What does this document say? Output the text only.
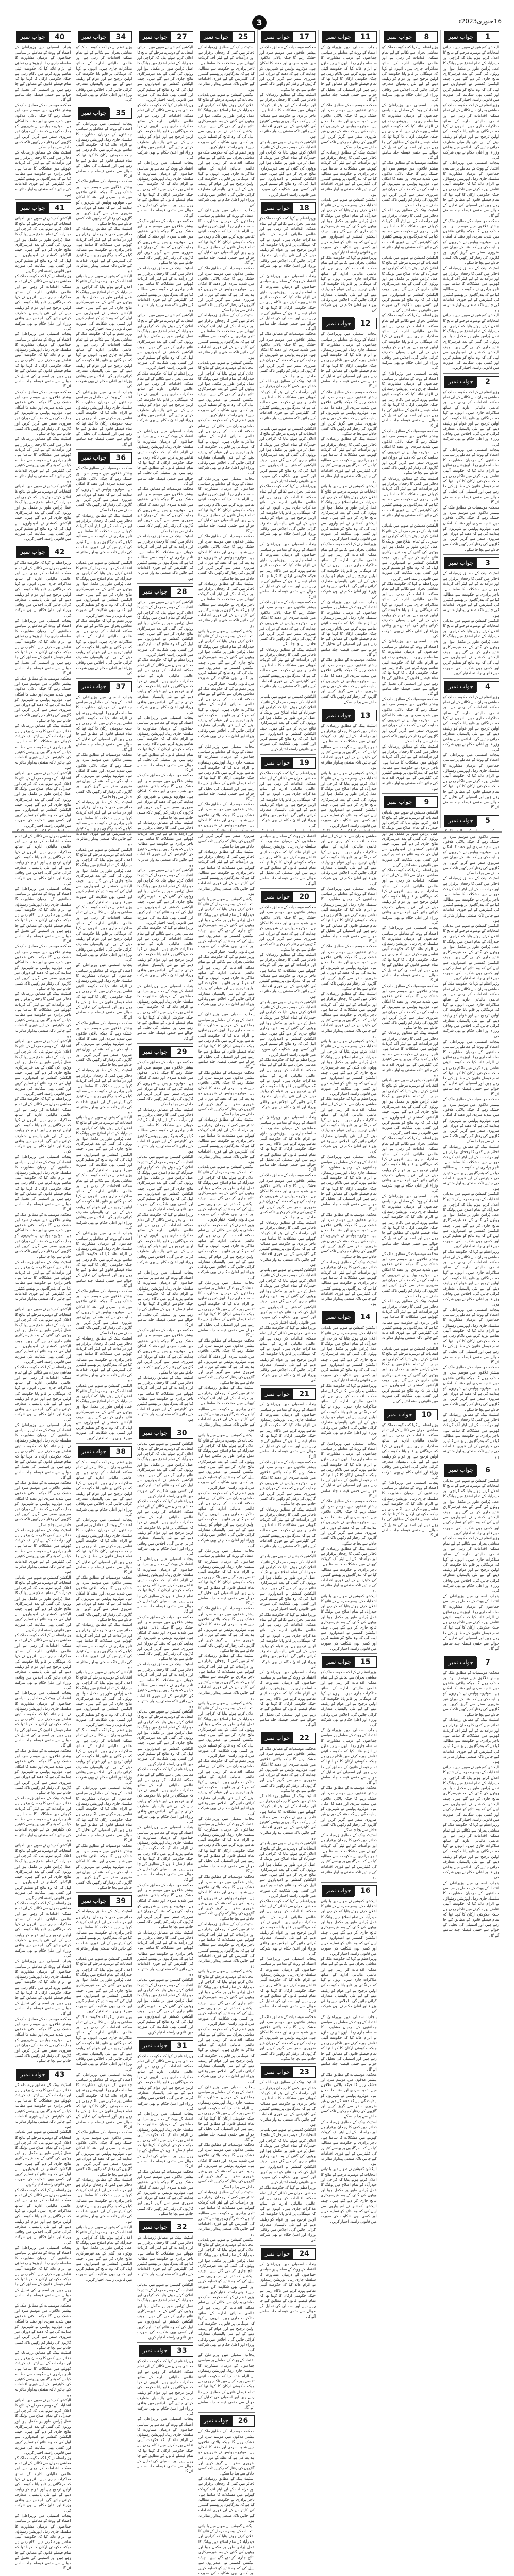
3	16جنوری2023ء
جواب نمبر	1
الیکشن کمیشن نے صوبے میں بلدیاتی انتخابات کے دوسرے مرحلے کے نتائج کا اعلان کرتے ہوئے بتایا کہ کراچی اور حیدرآباد کے تمام اضلاع میں پولنگ کا عمل پُرامن طور پر مکمل ہوا اور ووٹوں کی گنتی کے بعد غیرسرکاری نتائج جاری کر دیے گئے ہیں۔ چیف الیکشن کمشنر نے امیدواروں سے اپیل کی کہ وہ نتائج کو تسلیم کریں اور کسی بھی شکایت کی صورت میں قانونی راستہ اختیار کریں۔
وزیراعظم نے کہا کہ حکومت ملک کو معاشی بحران سے نکالنے کے لیے تمام ممکنہ اقدامات کر رہی ہے اور عالمی مالیاتی ادارے کے ساتھ مذاکرات جاری ہیں۔ انہوں نے کہا کہ مہنگائی پر قابو پانا حکومت کی اولین ترجیح ہے اور عوام کو ریلیف دینے کے لیے نئی پالیسیاں متعارف کرائی جائیں گی۔ اجلاس میں وفاقی وزراء اور اعلیٰ حکام نے بھی شرکت کی۔
پنجاب اسمبلی میں وزیراعلیٰ کے اعتماد کے ووٹ کے معاملے پر سیاسی جماعتوں کے درمیان مشاورت کا سلسلہ جاری رہا۔ اپوزیشن رہنماؤں نے الزام عائد کیا کہ حکومت آئینی تقاضے پورے کرنے میں ناکام رہی ہے جبکہ حکومتی ارکان کا کہنا تھا کہ تمام فیصلے قانون کے مطابق کیے جا رہے ہیں اور اسمبلی کی تحلیل کے حوالے سے حتمی فیصلہ جلد سامنے آئے گا۔
محکمہ موسمیات کے مطابق ملک کے بیشتر علاقوں میں موسم سرد اور خشک رہے گا جبکہ بالائی علاقوں میں شدید سردی اور دھند کا امکان ہے۔ موٹروے پولیس نے شہریوں کو ہدایت کی ہے کہ دھند کے دوران غیر ضروری سفر سے گریز کریں اور گاڑیوں کی رفتار کم رکھیں تاکہ کسی حادثے سے بچا جا سکے۔
اسٹیٹ بینک کے مطابق زرمبادلہ کے ذخائر میں کمی کا رجحان برقرار ہے اور درآمدات کے لیے لیٹر آف کریڈٹ کھولنے میں مشکلات کا سامنا ہے۔ تاجر برادری نے حکومت سے مطالبہ کیا ہے کہ بندرگاہوں پر پھنسے کنٹینرز کی کلیئرنس کے لیے فوری اقدامات کیے جائیں تاکہ صنعتی پیداوار متاثر نہ ہو۔
الیکشن کمیشن نے صوبے میں بلدیاتی انتخابات کے دوسرے مرحلے کے نتائج کا اعلان کرتے ہوئے بتایا کہ کراچی اور حیدرآباد کے تمام اضلاع میں پولنگ کا عمل پُرامن طور پر مکمل ہوا اور ووٹوں کی گنتی کے بعد غیرسرکاری نتائج جاری کر دیے گئے ہیں۔ چیف الیکشن کمشنر نے امیدواروں سے اپیل کی کہ وہ نتائج کو تسلیم کریں اور کسی بھی شکایت کی صورت میں قانونی راستہ اختیار کریں۔
جواب نمبر	2
وزیراعظم نے کہا کہ حکومت ملک کو معاشی بحران سے نکالنے کے لیے تمام ممکنہ اقدامات کر رہی ہے اور عالمی مالیاتی ادارے کے ساتھ مذاکرات جاری ہیں۔ انہوں نے کہا کہ مہنگائی پر قابو پانا حکومت کی اولین ترجیح ہے اور عوام کو ریلیف دینے کے لیے نئی پالیسیاں متعارف کرائی جائیں گی۔ اجلاس میں وفاقی وزراء اور اعلیٰ حکام نے بھی شرکت کی۔
پنجاب اسمبلی میں وزیراعلیٰ کے اعتماد کے ووٹ کے معاملے پر سیاسی جماعتوں کے درمیان مشاورت کا سلسلہ جاری رہا۔ اپوزیشن رہنماؤں نے الزام عائد کیا کہ حکومت آئینی تقاضے پورے کرنے میں ناکام رہی ہے جبکہ حکومتی ارکان کا کہنا تھا کہ تمام فیصلے قانون کے مطابق کیے جا رہے ہیں اور اسمبلی کی تحلیل کے حوالے سے حتمی فیصلہ جلد سامنے آئے گا۔
محکمہ موسمیات کے مطابق ملک کے بیشتر علاقوں میں موسم سرد اور خشک رہے گا جبکہ بالائی علاقوں میں شدید سردی اور دھند کا امکان ہے۔ موٹروے پولیس نے شہریوں کو ہدایت کی ہے کہ دھند کے دوران غیر ضروری سفر سے گریز کریں اور گاڑیوں کی رفتار کم رکھیں تاکہ کسی حادثے سے بچا جا سکے۔
جواب نمبر	3
اسٹیٹ بینک کے مطابق زرمبادلہ کے ذخائر میں کمی کا رجحان برقرار ہے اور درآمدات کے لیے لیٹر آف کریڈٹ کھولنے میں مشکلات کا سامنا ہے۔ تاجر برادری نے حکومت سے مطالبہ کیا ہے کہ بندرگاہوں پر پھنسے کنٹینرز کی کلیئرنس کے لیے فوری اقدامات کیے جائیں تاکہ صنعتی پیداوار متاثر نہ ہو۔
الیکشن کمیشن نے صوبے میں بلدیاتی انتخابات کے دوسرے مرحلے کے نتائج کا اعلان کرتے ہوئے بتایا کہ کراچی اور حیدرآباد کے تمام اضلاع میں پولنگ کا عمل پُرامن طور پر مکمل ہوا اور ووٹوں کی گنتی کے بعد غیرسرکاری نتائج جاری کر دیے گئے ہیں۔ چیف الیکشن کمشنر نے امیدواروں سے اپیل کی کہ وہ نتائج کو تسلیم کریں اور کسی بھی شکایت کی صورت میں قانونی راستہ اختیار کریں۔
جواب نمبر	4
وزیراعظم نے کہا کہ حکومت ملک کو معاشی بحران سے نکالنے کے لیے تمام ممکنہ اقدامات کر رہی ہے اور عالمی مالیاتی ادارے کے ساتھ مذاکرات جاری ہیں۔ انہوں نے کہا کہ مہنگائی پر قابو پانا حکومت کی اولین ترجیح ہے اور عوام کو ریلیف دینے کے لیے نئی پالیسیاں متعارف کرائی جائیں گی۔ اجلاس میں وفاقی وزراء اور اعلیٰ حکام نے بھی شرکت کی۔
پنجاب اسمبلی میں وزیراعلیٰ کے اعتماد کے ووٹ کے معاملے پر سیاسی جماعتوں کے درمیان مشاورت کا سلسلہ جاری رہا۔ اپوزیشن رہنماؤں نے الزام عائد کیا کہ حکومت آئینی تقاضے پورے کرنے میں ناکام رہی ہے جبکہ حکومتی ارکان کا کہنا تھا کہ تمام فیصلے قانون کے مطابق کیے جا رہے ہیں اور اسمبلی کی تحلیل کے حوالے سے حتمی فیصلہ جلد سامنے آئے گا۔
جواب نمبر	5
محکمہ موسمیات کے مطابق ملک کے بیشتر علاقوں میں موسم سرد اور خشک رہے گا جبکہ بالائی علاقوں میں شدید سردی اور دھند کا امکان ہے۔ موٹروے پولیس نے شہریوں کو ہدایت کی ہے کہ دھند کے دوران غیر ضروری سفر سے گریز کریں اور گاڑیوں کی رفتار کم رکھیں تاکہ کسی حادثے سے بچا جا سکے۔
اسٹیٹ بینک کے مطابق زرمبادلہ کے ذخائر میں کمی کا رجحان برقرار ہے اور درآمدات کے لیے لیٹر آف کریڈٹ کھولنے میں مشکلات کا سامنا ہے۔ تاجر برادری نے حکومت سے مطالبہ کیا ہے کہ بندرگاہوں پر پھنسے کنٹینرز کی کلیئرنس کے لیے فوری اقدامات کیے جائیں تاکہ صنعتی پیداوار متاثر نہ ہو۔
الیکشن کمیشن نے صوبے میں بلدیاتی انتخابات کے دوسرے مرحلے کے نتائج کا اعلان کرتے ہوئے بتایا کہ کراچی اور حیدرآباد کے تمام اضلاع میں پولنگ کا عمل پُرامن طور پر مکمل ہوا اور ووٹوں کی گنتی کے بعد غیرسرکاری نتائج جاری کر دیے گئے ہیں۔ چیف الیکشن کمشنر نے امیدواروں سے اپیل کی کہ وہ نتائج کو تسلیم کریں اور کسی بھی شکایت کی صورت میں قانونی راستہ اختیار کریں۔
وزیراعظم نے کہا کہ حکومت ملک کو معاشی بحران سے نکالنے کے لیے تمام ممکنہ اقدامات کر رہی ہے اور عالمی مالیاتی ادارے کے ساتھ مذاکرات جاری ہیں۔ انہوں نے کہا کہ مہنگائی پر قابو پانا حکومت کی اولین ترجیح ہے اور عوام کو ریلیف دینے کے لیے نئی پالیسیاں متعارف کرائی جائیں گی۔ اجلاس میں وفاقی وزراء اور اعلیٰ حکام نے بھی شرکت کی۔
پنجاب اسمبلی میں وزیراعلیٰ کے اعتماد کے ووٹ کے معاملے پر سیاسی جماعتوں کے درمیان مشاورت کا سلسلہ جاری رہا۔ اپوزیشن رہنماؤں نے الزام عائد کیا کہ حکومت آئینی تقاضے پورے کرنے میں ناکام رہی ہے جبکہ حکومتی ارکان کا کہنا تھا کہ تمام فیصلے قانون کے مطابق کیے جا رہے ہیں اور اسمبلی کی تحلیل کے حوالے سے حتمی فیصلہ جلد سامنے آئے گا۔
محکمہ موسمیات کے مطابق ملک کے بیشتر علاقوں میں موسم سرد اور خشک رہے گا جبکہ بالائی علاقوں میں شدید سردی اور دھند کا امکان ہے۔ موٹروے پولیس نے شہریوں کو ہدایت کی ہے کہ دھند کے دوران غیر ضروری سفر سے گریز کریں اور گاڑیوں کی رفتار کم رکھیں تاکہ کسی حادثے سے بچا جا سکے۔
اسٹیٹ بینک کے مطابق زرمبادلہ کے ذخائر میں کمی کا رجحان برقرار ہے اور درآمدات کے لیے لیٹر آف کریڈٹ کھولنے میں مشکلات کا سامنا ہے۔ تاجر برادری نے حکومت سے مطالبہ کیا ہے کہ بندرگاہوں پر پھنسے کنٹینرز کی کلیئرنس کے لیے فوری اقدامات کیے جائیں تاکہ صنعتی پیداوار متاثر نہ ہو۔
الیکشن کمیشن نے صوبے میں بلدیاتی انتخابات کے دوسرے مرحلے کے نتائج کا اعلان کرتے ہوئے بتایا کہ کراچی اور حیدرآباد کے تمام اضلاع میں پولنگ کا عمل پُرامن طور پر مکمل ہوا اور ووٹوں کی گنتی کے بعد غیرسرکاری نتائج جاری کر دیے گئے ہیں۔ چیف الیکشن کمشنر نے امیدواروں سے اپیل کی کہ وہ نتائج کو تسلیم کریں اور کسی بھی شکایت کی صورت میں قانونی راستہ اختیار کریں۔
وزیراعظم نے کہا کہ حکومت ملک کو معاشی بحران سے نکالنے کے لیے تمام ممکنہ اقدامات کر رہی ہے اور عالمی مالیاتی ادارے کے ساتھ مذاکرات جاری ہیں۔ انہوں نے کہا کہ مہنگائی پر قابو پانا حکومت کی اولین ترجیح ہے اور عوام کو ریلیف دینے کے لیے نئی پالیسیاں متعارف کرائی جائیں گی۔ اجلاس میں وفاقی وزراء اور اعلیٰ حکام نے بھی شرکت کی۔
پنجاب اسمبلی میں وزیراعلیٰ کے اعتماد کے ووٹ کے معاملے پر سیاسی جماعتوں کے درمیان مشاورت کا سلسلہ جاری رہا۔ اپوزیشن رہنماؤں نے الزام عائد کیا کہ حکومت آئینی تقاضے پورے کرنے میں ناکام رہی ہے جبکہ حکومتی ارکان کا کہنا تھا کہ تمام فیصلے قانون کے مطابق کیے جا رہے ہیں اور اسمبلی کی تحلیل کے حوالے سے حتمی فیصلہ جلد سامنے آئے گا۔
محکمہ موسمیات کے مطابق ملک کے بیشتر علاقوں میں موسم سرد اور خشک رہے گا جبکہ بالائی علاقوں میں شدید سردی اور دھند کا امکان ہے۔ موٹروے پولیس نے شہریوں کو ہدایت کی ہے کہ دھند کے دوران غیر ضروری سفر سے گریز کریں اور گاڑیوں کی رفتار کم رکھیں تاکہ کسی حادثے سے بچا جا سکے۔
اسٹیٹ بینک کے مطابق زرمبادلہ کے ذخائر میں کمی کا رجحان برقرار ہے اور درآمدات کے لیے لیٹر آف کریڈٹ کھولنے میں مشکلات کا سامنا ہے۔ تاجر برادری نے حکومت سے مطالبہ کیا ہے کہ بندرگاہوں پر پھنسے کنٹینرز کی کلیئرنس کے لیے فوری اقدامات کیے جائیں تاکہ صنعتی پیداوار متاثر نہ ہو۔
جواب نمبر	6
الیکشن کمیشن نے صوبے میں بلدیاتی انتخابات کے دوسرے مرحلے کے نتائج کا اعلان کرتے ہوئے بتایا کہ کراچی اور حیدرآباد کے تمام اضلاع میں پولنگ کا عمل پُرامن طور پر مکمل ہوا اور ووٹوں کی گنتی کے بعد غیرسرکاری نتائج جاری کر دیے گئے ہیں۔ چیف الیکشن کمشنر نے امیدواروں سے اپیل کی کہ وہ نتائج کو تسلیم کریں اور کسی بھی شکایت کی صورت میں قانونی راستہ اختیار کریں۔
وزیراعظم نے کہا کہ حکومت ملک کو معاشی بحران سے نکالنے کے لیے تمام ممکنہ اقدامات کر رہی ہے اور عالمی مالیاتی ادارے کے ساتھ مذاکرات جاری ہیں۔ انہوں نے کہا کہ مہنگائی پر قابو پانا حکومت کی اولین ترجیح ہے اور عوام کو ریلیف دینے کے لیے نئی پالیسیاں متعارف کرائی جائیں گی۔ اجلاس میں وفاقی وزراء اور اعلیٰ حکام نے بھی شرکت کی۔
پنجاب اسمبلی میں وزیراعلیٰ کے اعتماد کے ووٹ کے معاملے پر سیاسی جماعتوں کے درمیان مشاورت کا سلسلہ جاری رہا۔ اپوزیشن رہنماؤں نے الزام عائد کیا کہ حکومت آئینی تقاضے پورے کرنے میں ناکام رہی ہے جبکہ حکومتی ارکان کا کہنا تھا کہ تمام فیصلے قانون کے مطابق کیے جا رہے ہیں اور اسمبلی کی تحلیل کے حوالے سے حتمی فیصلہ جلد سامنے آئے گا۔
جواب نمبر	7
محکمہ موسمیات کے مطابق ملک کے بیشتر علاقوں میں موسم سرد اور خشک رہے گا جبکہ بالائی علاقوں میں شدید سردی اور دھند کا امکان ہے۔ موٹروے پولیس نے شہریوں کو ہدایت کی ہے کہ دھند کے دوران غیر ضروری سفر سے گریز کریں اور گاڑیوں کی رفتار کم رکھیں تاکہ کسی حادثے سے بچا جا سکے۔
اسٹیٹ بینک کے مطابق زرمبادلہ کے ذخائر میں کمی کا رجحان برقرار ہے اور درآمدات کے لیے لیٹر آف کریڈٹ کھولنے میں مشکلات کا سامنا ہے۔ تاجر برادری نے حکومت سے مطالبہ کیا ہے کہ بندرگاہوں پر پھنسے کنٹینرز کی کلیئرنس کے لیے فوری اقدامات کیے جائیں تاکہ صنعتی پیداوار متاثر نہ ہو۔
الیکشن کمیشن نے صوبے میں بلدیاتی انتخابات کے دوسرے مرحلے کے نتائج کا اعلان کرتے ہوئے بتایا کہ کراچی اور حیدرآباد کے تمام اضلاع میں پولنگ کا عمل پُرامن طور پر مکمل ہوا اور ووٹوں کی گنتی کے بعد غیرسرکاری نتائج جاری کر دیے گئے ہیں۔ چیف الیکشن کمشنر نے امیدواروں سے اپیل کی کہ وہ نتائج کو تسلیم کریں اور کسی بھی شکایت کی صورت میں قانونی راستہ اختیار کریں۔
وزیراعظم نے کہا کہ حکومت ملک کو معاشی بحران سے نکالنے کے لیے تمام ممکنہ اقدامات کر رہی ہے اور عالمی مالیاتی ادارے کے ساتھ مذاکرات جاری ہیں۔ انہوں نے کہا کہ مہنگائی پر قابو پانا حکومت کی اولین ترجیح ہے اور عوام کو ریلیف دینے کے لیے نئی پالیسیاں متعارف کرائی جائیں گی۔ اجلاس میں وفاقی وزراء اور اعلیٰ حکام نے بھی شرکت کی۔
پنجاب اسمبلی میں وزیراعلیٰ کے اعتماد کے ووٹ کے معاملے پر سیاسی جماعتوں کے درمیان مشاورت کا سلسلہ جاری رہا۔ اپوزیشن رہنماؤں نے الزام عائد کیا کہ حکومت آئینی تقاضے پورے کرنے میں ناکام رہی ہے جبکہ حکومتی ارکان کا کہنا تھا کہ تمام فیصلے قانون کے مطابق کیے جا رہے ہیں اور اسمبلی کی تحلیل کے حوالے سے حتمی فیصلہ جلد سامنے آئے گا۔
جواب نمبر	8
وزیراعظم نے کہا کہ حکومت ملک کو معاشی بحران سے نکالنے کے لیے تمام ممکنہ اقدامات کر رہی ہے اور عالمی مالیاتی ادارے کے ساتھ مذاکرات جاری ہیں۔ انہوں نے کہا کہ مہنگائی پر قابو پانا حکومت کی اولین ترجیح ہے اور عوام کو ریلیف دینے کے لیے نئی پالیسیاں متعارف کرائی جائیں گی۔ اجلاس میں وفاقی وزراء اور اعلیٰ حکام نے بھی شرکت کی۔
پنجاب اسمبلی میں وزیراعلیٰ کے اعتماد کے ووٹ کے معاملے پر سیاسی جماعتوں کے درمیان مشاورت کا سلسلہ جاری رہا۔ اپوزیشن رہنماؤں نے الزام عائد کیا کہ حکومت آئینی تقاضے پورے کرنے میں ناکام رہی ہے جبکہ حکومتی ارکان کا کہنا تھا کہ تمام فیصلے قانون کے مطابق کیے جا رہے ہیں اور اسمبلی کی تحلیل کے حوالے سے حتمی فیصلہ جلد سامنے آئے گا۔
محکمہ موسمیات کے مطابق ملک کے بیشتر علاقوں میں موسم سرد اور خشک رہے گا جبکہ بالائی علاقوں میں شدید سردی اور دھند کا امکان ہے۔ موٹروے پولیس نے شہریوں کو ہدایت کی ہے کہ دھند کے دوران غیر ضروری سفر سے گریز کریں اور گاڑیوں کی رفتار کم رکھیں تاکہ کسی حادثے سے بچا جا سکے۔
اسٹیٹ بینک کے مطابق زرمبادلہ کے ذخائر میں کمی کا رجحان برقرار ہے اور درآمدات کے لیے لیٹر آف کریڈٹ کھولنے میں مشکلات کا سامنا ہے۔ تاجر برادری نے حکومت سے مطالبہ کیا ہے کہ بندرگاہوں پر پھنسے کنٹینرز کی کلیئرنس کے لیے فوری اقدامات کیے جائیں تاکہ صنعتی پیداوار متاثر نہ ہو۔
الیکشن کمیشن نے صوبے میں بلدیاتی انتخابات کے دوسرے مرحلے کے نتائج کا اعلان کرتے ہوئے بتایا کہ کراچی اور حیدرآباد کے تمام اضلاع میں پولنگ کا عمل پُرامن طور پر مکمل ہوا اور ووٹوں کی گنتی کے بعد غیرسرکاری نتائج جاری کر دیے گئے ہیں۔ چیف الیکشن کمشنر نے امیدواروں سے اپیل کی کہ وہ نتائج کو تسلیم کریں اور کسی بھی شکایت کی صورت میں قانونی راستہ اختیار کریں۔
وزیراعظم نے کہا کہ حکومت ملک کو معاشی بحران سے نکالنے کے لیے تمام ممکنہ اقدامات کر رہی ہے اور عالمی مالیاتی ادارے کے ساتھ مذاکرات جاری ہیں۔ انہوں نے کہا کہ مہنگائی پر قابو پانا حکومت کی اولین ترجیح ہے اور عوام کو ریلیف دینے کے لیے نئی پالیسیاں متعارف کرائی جائیں گی۔ اجلاس میں وفاقی وزراء اور اعلیٰ حکام نے بھی شرکت کی۔
پنجاب اسمبلی میں وزیراعلیٰ کے اعتماد کے ووٹ کے معاملے پر سیاسی جماعتوں کے درمیان مشاورت کا سلسلہ جاری رہا۔ اپوزیشن رہنماؤں نے الزام عائد کیا کہ حکومت آئینی تقاضے پورے کرنے میں ناکام رہی ہے جبکہ حکومتی ارکان کا کہنا تھا کہ تمام فیصلے قانون کے مطابق کیے جا رہے ہیں اور اسمبلی کی تحلیل کے حوالے سے حتمی فیصلہ جلد سامنے آئے گا۔
محکمہ موسمیات کے مطابق ملک کے بیشتر علاقوں میں موسم سرد اور خشک رہے گا جبکہ بالائی علاقوں میں شدید سردی اور دھند کا امکان ہے۔ موٹروے پولیس نے شہریوں کو ہدایت کی ہے کہ دھند کے دوران غیر ضروری سفر سے گریز کریں اور گاڑیوں کی رفتار کم رکھیں تاکہ کسی حادثے سے بچا جا سکے۔
اسٹیٹ بینک کے مطابق زرمبادلہ کے ذخائر میں کمی کا رجحان برقرار ہے اور درآمدات کے لیے لیٹر آف کریڈٹ کھولنے میں مشکلات کا سامنا ہے۔ تاجر برادری نے حکومت سے مطالبہ کیا ہے کہ بندرگاہوں پر پھنسے کنٹینرز کی کلیئرنس کے لیے فوری اقدامات کیے جائیں تاکہ صنعتی پیداوار متاثر نہ ہو۔
الیکشن کمیشن نے صوبے میں بلدیاتی انتخابات کے دوسرے مرحلے کے نتائج کا اعلان کرتے ہوئے بتایا کہ کراچی اور حیدرآباد کے تمام اضلاع میں پولنگ کا عمل پُرامن طور پر مکمل ہوا اور ووٹوں کی گنتی کے بعد غیرسرکاری نتائج جاری کر دیے گئے ہیں۔ چیف الیکشن کمشنر نے امیدواروں سے اپیل کی کہ وہ نتائج کو تسلیم کریں اور کسی بھی شکایت کی صورت میں قانونی راستہ اختیار کریں۔
وزیراعظم نے کہا کہ حکومت ملک کو معاشی بحران سے نکالنے کے لیے تمام ممکنہ اقدامات کر رہی ہے اور عالمی مالیاتی ادارے کے ساتھ مذاکرات جاری ہیں۔ انہوں نے کہا کہ مہنگائی پر قابو پانا حکومت کی اولین ترجیح ہے اور عوام کو ریلیف دینے کے لیے نئی پالیسیاں متعارف کرائی جائیں گی۔ اجلاس میں وفاقی وزراء اور اعلیٰ حکام نے بھی شرکت کی۔
پنجاب اسمبلی میں وزیراعلیٰ کے اعتماد کے ووٹ کے معاملے پر سیاسی جماعتوں کے درمیان مشاورت کا سلسلہ جاری رہا۔ اپوزیشن رہنماؤں نے الزام عائد کیا کہ حکومت آئینی تقاضے پورے کرنے میں ناکام رہی ہے جبکہ حکومتی ارکان کا کہنا تھا کہ تمام فیصلے قانون کے مطابق کیے جا رہے ہیں اور اسمبلی کی تحلیل کے حوالے سے حتمی فیصلہ جلد سامنے آئے گا۔
محکمہ موسمیات کے مطابق ملک کے بیشتر علاقوں میں موسم سرد اور خشک رہے گا جبکہ بالائی علاقوں میں شدید سردی اور دھند کا امکان ہے۔ موٹروے پولیس نے شہریوں کو ہدایت کی ہے کہ دھند کے دوران غیر ضروری سفر سے گریز کریں اور گاڑیوں کی رفتار کم رکھیں تاکہ کسی حادثے سے بچا جا سکے۔
اسٹیٹ بینک کے مطابق زرمبادلہ کے ذخائر میں کمی کا رجحان برقرار ہے اور درآمدات کے لیے لیٹر آف کریڈٹ کھولنے میں مشکلات کا سامنا ہے۔ تاجر برادری نے حکومت سے مطالبہ کیا ہے کہ بندرگاہوں پر پھنسے کنٹینرز کی کلیئرنس کے لیے فوری اقدامات کیے جائیں تاکہ صنعتی پیداوار متاثر نہ ہو۔
جواب نمبر	9
الیکشن کمیشن نے صوبے میں بلدیاتی انتخابات کے دوسرے مرحلے کے نتائج کا اعلان کرتے ہوئے بتایا کہ کراچی اور حیدرآباد کے تمام اضلاع میں پولنگ کا عمل پُرامن طور پر مکمل ہوا اور ووٹوں کی گنتی کے بعد غیرسرکاری نتائج جاری کر دیے گئے ہیں۔ چیف الیکشن کمشنر نے امیدواروں سے اپیل کی کہ وہ نتائج کو تسلیم کریں اور کسی بھی شکایت کی صورت میں قانونی راستہ اختیار کریں۔
وزیراعظم نے کہا کہ حکومت ملک کو معاشی بحران سے نکالنے کے لیے تمام ممکنہ اقدامات کر رہی ہے اور عالمی مالیاتی ادارے کے ساتھ مذاکرات جاری ہیں۔ انہوں نے کہا کہ مہنگائی پر قابو پانا حکومت کی اولین ترجیح ہے اور عوام کو ریلیف دینے کے لیے نئی پالیسیاں متعارف کرائی جائیں گی۔ اجلاس میں وفاقی وزراء اور اعلیٰ حکام نے بھی شرکت کی۔
پنجاب اسمبلی میں وزیراعلیٰ کے اعتماد کے ووٹ کے معاملے پر سیاسی جماعتوں کے درمیان مشاورت کا سلسلہ جاری رہا۔ اپوزیشن رہنماؤں نے الزام عائد کیا کہ حکومت آئینی تقاضے پورے کرنے میں ناکام رہی ہے جبکہ حکومتی ارکان کا کہنا تھا کہ تمام فیصلے قانون کے مطابق کیے جا رہے ہیں اور اسمبلی کی تحلیل کے حوالے سے حتمی فیصلہ جلد سامنے آئے گا۔
محکمہ موسمیات کے مطابق ملک کے بیشتر علاقوں میں موسم سرد اور خشک رہے گا جبکہ بالائی علاقوں میں شدید سردی اور دھند کا امکان ہے۔ موٹروے پولیس نے شہریوں کو ہدایت کی ہے کہ دھند کے دوران غیر ضروری سفر سے گریز کریں اور گاڑیوں کی رفتار کم رکھیں تاکہ کسی حادثے سے بچا جا سکے۔
اسٹیٹ بینک کے مطابق زرمبادلہ کے ذخائر میں کمی کا رجحان برقرار ہے اور درآمدات کے لیے لیٹر آف کریڈٹ کھولنے میں مشکلات کا سامنا ہے۔ تاجر برادری نے حکومت سے مطالبہ کیا ہے کہ بندرگاہوں پر پھنسے کنٹینرز کی کلیئرنس کے لیے فوری اقدامات کیے جائیں تاکہ صنعتی پیداوار متاثر نہ ہو۔
الیکشن کمیشن نے صوبے میں بلدیاتی انتخابات کے دوسرے مرحلے کے نتائج کا اعلان کرتے ہوئے بتایا کہ کراچی اور حیدرآباد کے تمام اضلاع میں پولنگ کا عمل پُرامن طور پر مکمل ہوا اور ووٹوں کی گنتی کے بعد غیرسرکاری نتائج جاری کر دیے گئے ہیں۔ چیف الیکشن کمشنر نے امیدواروں سے اپیل کی کہ وہ نتائج کو تسلیم کریں اور کسی بھی شکایت کی صورت میں قانونی راستہ اختیار کریں۔
وزیراعظم نے کہا کہ حکومت ملک کو معاشی بحران سے نکالنے کے لیے تمام ممکنہ اقدامات کر رہی ہے اور عالمی مالیاتی ادارے کے ساتھ مذاکرات جاری ہیں۔ انہوں نے کہا کہ مہنگائی پر قابو پانا حکومت کی اولین ترجیح ہے اور عوام کو ریلیف دینے کے لیے نئی پالیسیاں متعارف کرائی جائیں گی۔ اجلاس میں وفاقی وزراء اور اعلیٰ حکام نے بھی شرکت کی۔
پنجاب اسمبلی میں وزیراعلیٰ کے اعتماد کے ووٹ کے معاملے پر سیاسی جماعتوں کے درمیان مشاورت کا سلسلہ جاری رہا۔ اپوزیشن رہنماؤں نے الزام عائد کیا کہ حکومت آئینی تقاضے پورے کرنے میں ناکام رہی ہے جبکہ حکومتی ارکان کا کہنا تھا کہ تمام فیصلے قانون کے مطابق کیے جا رہے ہیں اور اسمبلی کی تحلیل کے حوالے سے حتمی فیصلہ جلد سامنے آئے گا۔
محکمہ موسمیات کے مطابق ملک کے بیشتر علاقوں میں موسم سرد اور خشک رہے گا جبکہ بالائی علاقوں میں شدید سردی اور دھند کا امکان ہے۔ موٹروے پولیس نے شہریوں کو ہدایت کی ہے کہ دھند کے دوران غیر ضروری سفر سے گریز کریں اور گاڑیوں کی رفتار کم رکھیں تاکہ کسی حادثے سے بچا جا سکے۔
اسٹیٹ بینک کے مطابق زرمبادلہ کے ذخائر میں کمی کا رجحان برقرار ہے اور درآمدات کے لیے لیٹر آف کریڈٹ کھولنے میں مشکلات کا سامنا ہے۔ تاجر برادری نے حکومت سے مطالبہ کیا ہے کہ بندرگاہوں پر پھنسے کنٹینرز کی کلیئرنس کے لیے فوری اقدامات کیے جائیں تاکہ صنعتی پیداوار متاثر نہ ہو۔
الیکشن کمیشن نے صوبے میں بلدیاتی انتخابات کے دوسرے مرحلے کے نتائج کا اعلان کرتے ہوئے بتایا کہ کراچی اور حیدرآباد کے تمام اضلاع میں پولنگ کا عمل پُرامن طور پر مکمل ہوا اور ووٹوں کی گنتی کے بعد غیرسرکاری نتائج جاری کر دیے گئے ہیں۔ چیف الیکشن کمشنر نے امیدواروں سے اپیل کی کہ وہ نتائج کو تسلیم کریں اور کسی بھی شکایت کی صورت میں قانونی راستہ اختیار کریں۔
جواب نمبر	10
وزیراعظم نے کہا کہ حکومت ملک کو معاشی بحران سے نکالنے کے لیے تمام ممکنہ اقدامات کر رہی ہے اور عالمی مالیاتی ادارے کے ساتھ مذاکرات جاری ہیں۔ انہوں نے کہا کہ مہنگائی پر قابو پانا حکومت کی اولین ترجیح ہے اور عوام کو ریلیف دینے کے لیے نئی پالیسیاں متعارف کرائی جائیں گی۔ اجلاس میں وفاقی وزراء اور اعلیٰ حکام نے بھی شرکت کی۔
پنجاب اسمبلی میں وزیراعلیٰ کے اعتماد کے ووٹ کے معاملے پر سیاسی جماعتوں کے درمیان مشاورت کا سلسلہ جاری رہا۔ اپوزیشن رہنماؤں نے الزام عائد کیا کہ حکومت آئینی تقاضے پورے کرنے میں ناکام رہی ہے جبکہ حکومتی ارکان کا کہنا تھا کہ تمام فیصلے قانون کے مطابق کیے جا رہے ہیں اور اسمبلی کی تحلیل کے حوالے سے حتمی فیصلہ جلد سامنے آئے گا۔
جواب نمبر	11
پنجاب اسمبلی میں وزیراعلیٰ کے اعتماد کے ووٹ کے معاملے پر سیاسی جماعتوں کے درمیان مشاورت کا سلسلہ جاری رہا۔ اپوزیشن رہنماؤں نے الزام عائد کیا کہ حکومت آئینی تقاضے پورے کرنے میں ناکام رہی ہے جبکہ حکومتی ارکان کا کہنا تھا کہ تمام فیصلے قانون کے مطابق کیے جا رہے ہیں اور اسمبلی کی تحلیل کے حوالے سے حتمی فیصلہ جلد سامنے آئے گا۔
محکمہ موسمیات کے مطابق ملک کے بیشتر علاقوں میں موسم سرد اور خشک رہے گا جبکہ بالائی علاقوں میں شدید سردی اور دھند کا امکان ہے۔ موٹروے پولیس نے شہریوں کو ہدایت کی ہے کہ دھند کے دوران غیر ضروری سفر سے گریز کریں اور گاڑیوں کی رفتار کم رکھیں تاکہ کسی حادثے سے بچا جا سکے۔
اسٹیٹ بینک کے مطابق زرمبادلہ کے ذخائر میں کمی کا رجحان برقرار ہے اور درآمدات کے لیے لیٹر آف کریڈٹ کھولنے میں مشکلات کا سامنا ہے۔ تاجر برادری نے حکومت سے مطالبہ کیا ہے کہ بندرگاہوں پر پھنسے کنٹینرز کی کلیئرنس کے لیے فوری اقدامات کیے جائیں تاکہ صنعتی پیداوار متاثر نہ ہو۔
الیکشن کمیشن نے صوبے میں بلدیاتی انتخابات کے دوسرے مرحلے کے نتائج کا اعلان کرتے ہوئے بتایا کہ کراچی اور حیدرآباد کے تمام اضلاع میں پولنگ کا عمل پُرامن طور پر مکمل ہوا اور ووٹوں کی گنتی کے بعد غیرسرکاری نتائج جاری کر دیے گئے ہیں۔ چیف الیکشن کمشنر نے امیدواروں سے اپیل کی کہ وہ نتائج کو تسلیم کریں اور کسی بھی شکایت کی صورت میں قانونی راستہ اختیار کریں۔
وزیراعظم نے کہا کہ حکومت ملک کو معاشی بحران سے نکالنے کے لیے تمام ممکنہ اقدامات کر رہی ہے اور عالمی مالیاتی ادارے کے ساتھ مذاکرات جاری ہیں۔ انہوں نے کہا کہ مہنگائی پر قابو پانا حکومت کی اولین ترجیح ہے اور عوام کو ریلیف دینے کے لیے نئی پالیسیاں متعارف کرائی جائیں گی۔ اجلاس میں وفاقی وزراء اور اعلیٰ حکام نے بھی شرکت کی۔
جواب نمبر	12
پنجاب اسمبلی میں وزیراعلیٰ کے اعتماد کے ووٹ کے معاملے پر سیاسی جماعتوں کے درمیان مشاورت کا سلسلہ جاری رہا۔ اپوزیشن رہنماؤں نے الزام عائد کیا کہ حکومت آئینی تقاضے پورے کرنے میں ناکام رہی ہے جبکہ حکومتی ارکان کا کہنا تھا کہ تمام فیصلے قانون کے مطابق کیے جا رہے ہیں اور اسمبلی کی تحلیل کے حوالے سے حتمی فیصلہ جلد سامنے آئے گا۔
محکمہ موسمیات کے مطابق ملک کے بیشتر علاقوں میں موسم سرد اور خشک رہے گا جبکہ بالائی علاقوں میں شدید سردی اور دھند کا امکان ہے۔ موٹروے پولیس نے شہریوں کو ہدایت کی ہے کہ دھند کے دوران غیر ضروری سفر سے گریز کریں اور گاڑیوں کی رفتار کم رکھیں تاکہ کسی حادثے سے بچا جا سکے۔
اسٹیٹ بینک کے مطابق زرمبادلہ کے ذخائر میں کمی کا رجحان برقرار ہے اور درآمدات کے لیے لیٹر آف کریڈٹ کھولنے میں مشکلات کا سامنا ہے۔ تاجر برادری نے حکومت سے مطالبہ کیا ہے کہ بندرگاہوں پر پھنسے کنٹینرز کی کلیئرنس کے لیے فوری اقدامات کیے جائیں تاکہ صنعتی پیداوار متاثر نہ ہو۔
الیکشن کمیشن نے صوبے میں بلدیاتی انتخابات کے دوسرے مرحلے کے نتائج کا اعلان کرتے ہوئے بتایا کہ کراچی اور حیدرآباد کے تمام اضلاع میں پولنگ کا عمل پُرامن طور پر مکمل ہوا اور ووٹوں کی گنتی کے بعد غیرسرکاری نتائج جاری کر دیے گئے ہیں۔ چیف الیکشن کمشنر نے امیدواروں سے اپیل کی کہ وہ نتائج کو تسلیم کریں اور کسی بھی شکایت کی صورت میں قانونی راستہ اختیار کریں۔
وزیراعظم نے کہا کہ حکومت ملک کو معاشی بحران سے نکالنے کے لیے تمام ممکنہ اقدامات کر رہی ہے اور عالمی مالیاتی ادارے کے ساتھ مذاکرات جاری ہیں۔ انہوں نے کہا کہ مہنگائی پر قابو پانا حکومت کی اولین ترجیح ہے اور عوام کو ریلیف دینے کے لیے نئی پالیسیاں متعارف کرائی جائیں گی۔ اجلاس میں وفاقی وزراء اور اعلیٰ حکام نے بھی شرکت کی۔
پنجاب اسمبلی میں وزیراعلیٰ کے اعتماد کے ووٹ کے معاملے پر سیاسی جماعتوں کے درمیان مشاورت کا سلسلہ جاری رہا۔ اپوزیشن رہنماؤں نے الزام عائد کیا کہ حکومت آئینی تقاضے پورے کرنے میں ناکام رہی ہے جبکہ حکومتی ارکان کا کہنا تھا کہ تمام فیصلے قانون کے مطابق کیے جا رہے ہیں اور اسمبلی کی تحلیل کے حوالے سے حتمی فیصلہ جلد سامنے آئے گا۔
محکمہ موسمیات کے مطابق ملک کے بیشتر علاقوں میں موسم سرد اور خشک رہے گا جبکہ بالائی علاقوں میں شدید سردی اور دھند کا امکان ہے۔ موٹروے پولیس نے شہریوں کو ہدایت کی ہے کہ دھند کے دوران غیر ضروری سفر سے گریز کریں اور گاڑیوں کی رفتار کم رکھیں تاکہ کسی حادثے سے بچا جا سکے۔
جواب نمبر	13
اسٹیٹ بینک کے مطابق زرمبادلہ کے ذخائر میں کمی کا رجحان برقرار ہے اور درآمدات کے لیے لیٹر آف کریڈٹ کھولنے میں مشکلات کا سامنا ہے۔ تاجر برادری نے حکومت سے مطالبہ کیا ہے کہ بندرگاہوں پر پھنسے کنٹینرز کی کلیئرنس کے لیے فوری اقدامات کیے جائیں تاکہ صنعتی پیداوار متاثر نہ ہو۔
الیکشن کمیشن نے صوبے میں بلدیاتی انتخابات کے دوسرے مرحلے کے نتائج کا اعلان کرتے ہوئے بتایا کہ کراچی اور حیدرآباد کے تمام اضلاع میں پولنگ کا عمل پُرامن طور پر مکمل ہوا اور ووٹوں کی گنتی کے بعد غیرسرکاری نتائج جاری کر دیے گئے ہیں۔ چیف الیکشن کمشنر نے امیدواروں سے اپیل کی کہ وہ نتائج کو تسلیم کریں اور کسی بھی شکایت کی صورت میں قانونی راستہ اختیار کریں۔
وزیراعظم نے کہا کہ حکومت ملک کو معاشی بحران سے نکالنے کے لیے تمام ممکنہ اقدامات کر رہی ہے اور عالمی مالیاتی ادارے کے ساتھ مذاکرات جاری ہیں۔ انہوں نے کہا کہ مہنگائی پر قابو پانا حکومت کی اولین ترجیح ہے اور عوام کو ریلیف دینے کے لیے نئی پالیسیاں متعارف کرائی جائیں گی۔ اجلاس میں وفاقی وزراء اور اعلیٰ حکام نے بھی شرکت کی۔
پنجاب اسمبلی میں وزیراعلیٰ کے اعتماد کے ووٹ کے معاملے پر سیاسی جماعتوں کے درمیان مشاورت کا سلسلہ جاری رہا۔ اپوزیشن رہنماؤں نے الزام عائد کیا کہ حکومت آئینی تقاضے پورے کرنے میں ناکام رہی ہے جبکہ حکومتی ارکان کا کہنا تھا کہ تمام فیصلے قانون کے مطابق کیے جا رہے ہیں اور اسمبلی کی تحلیل کے حوالے سے حتمی فیصلہ جلد سامنے آئے گا۔
محکمہ موسمیات کے مطابق ملک کے بیشتر علاقوں میں موسم سرد اور خشک رہے گا جبکہ بالائی علاقوں میں شدید سردی اور دھند کا امکان ہے۔ موٹروے پولیس نے شہریوں کو ہدایت کی ہے کہ دھند کے دوران غیر ضروری سفر سے گریز کریں اور گاڑیوں کی رفتار کم رکھیں تاکہ کسی حادثے سے بچا جا سکے۔
اسٹیٹ بینک کے مطابق زرمبادلہ کے ذخائر میں کمی کا رجحان برقرار ہے اور درآمدات کے لیے لیٹر آف کریڈٹ کھولنے میں مشکلات کا سامنا ہے۔ تاجر برادری نے حکومت سے مطالبہ کیا ہے کہ بندرگاہوں پر پھنسے کنٹینرز کی کلیئرنس کے لیے فوری اقدامات کیے جائیں تاکہ صنعتی پیداوار متاثر نہ ہو۔
الیکشن کمیشن نے صوبے میں بلدیاتی انتخابات کے دوسرے مرحلے کے نتائج کا اعلان کرتے ہوئے بتایا کہ کراچی اور حیدرآباد کے تمام اضلاع میں پولنگ کا عمل پُرامن طور پر مکمل ہوا اور ووٹوں کی گنتی کے بعد غیرسرکاری نتائج جاری کر دیے گئے ہیں۔ چیف الیکشن کمشنر نے امیدواروں سے اپیل کی کہ وہ نتائج کو تسلیم کریں اور کسی بھی شکایت کی صورت میں قانونی راستہ اختیار کریں۔
وزیراعظم نے کہا کہ حکومت ملک کو معاشی بحران سے نکالنے کے لیے تمام ممکنہ اقدامات کر رہی ہے اور عالمی مالیاتی ادارے کے ساتھ مذاکرات جاری ہیں۔ انہوں نے کہا کہ مہنگائی پر قابو پانا حکومت کی اولین ترجیح ہے اور عوام کو ریلیف دینے کے لیے نئی پالیسیاں متعارف کرائی جائیں گی۔ اجلاس میں وفاقی وزراء اور اعلیٰ حکام نے بھی شرکت کی۔
پنجاب اسمبلی میں وزیراعلیٰ کے اعتماد کے ووٹ کے معاملے پر سیاسی جماعتوں کے درمیان مشاورت کا سلسلہ جاری رہا۔ اپوزیشن رہنماؤں نے الزام عائد کیا کہ حکومت آئینی تقاضے پورے کرنے میں ناکام رہی ہے جبکہ حکومتی ارکان کا کہنا تھا کہ تمام فیصلے قانون کے مطابق کیے جا رہے ہیں اور اسمبلی کی تحلیل کے حوالے سے حتمی فیصلہ جلد سامنے آئے گا۔
محکمہ موسمیات کے مطابق ملک کے بیشتر علاقوں میں موسم سرد اور خشک رہے گا جبکہ بالائی علاقوں میں شدید سردی اور دھند کا امکان ہے۔ موٹروے پولیس نے شہریوں کو ہدایت کی ہے کہ دھند کے دوران غیر ضروری سفر سے گریز کریں اور گاڑیوں کی رفتار کم رکھیں تاکہ کسی حادثے سے بچا جا سکے۔
اسٹیٹ بینک کے مطابق زرمبادلہ کے ذخائر میں کمی کا رجحان برقرار ہے اور درآمدات کے لیے لیٹر آف کریڈٹ کھولنے میں مشکلات کا سامنا ہے۔ تاجر برادری نے حکومت سے مطالبہ کیا ہے کہ بندرگاہوں پر پھنسے کنٹینرز کی کلیئرنس کے لیے فوری اقدامات کیے جائیں تاکہ صنعتی پیداوار متاثر نہ ہو۔
جواب نمبر	14
الیکشن کمیشن نے صوبے میں بلدیاتی انتخابات کے دوسرے مرحلے کے نتائج کا اعلان کرتے ہوئے بتایا کہ کراچی اور حیدرآباد کے تمام اضلاع میں پولنگ کا عمل پُرامن طور پر مکمل ہوا اور ووٹوں کی گنتی کے بعد غیرسرکاری نتائج جاری کر دیے گئے ہیں۔ چیف الیکشن کمشنر نے امیدواروں سے اپیل کی کہ وہ نتائج کو تسلیم کریں اور کسی بھی شکایت کی صورت میں قانونی راستہ اختیار کریں۔
وزیراعظم نے کہا کہ حکومت ملک کو معاشی بحران سے نکالنے کے لیے تمام ممکنہ اقدامات کر رہی ہے اور عالمی مالیاتی ادارے کے ساتھ مذاکرات جاری ہیں۔ انہوں نے کہا کہ مہنگائی پر قابو پانا حکومت کی اولین ترجیح ہے اور عوام کو ریلیف دینے کے لیے نئی پالیسیاں متعارف کرائی جائیں گی۔ اجلاس میں وفاقی وزراء اور اعلیٰ حکام نے بھی شرکت کی۔
پنجاب اسمبلی میں وزیراعلیٰ کے اعتماد کے ووٹ کے معاملے پر سیاسی جماعتوں کے درمیان مشاورت کا سلسلہ جاری رہا۔ اپوزیشن رہنماؤں نے الزام عائد کیا کہ حکومت آئینی تقاضے پورے کرنے میں ناکام رہی ہے جبکہ حکومتی ارکان کا کہنا تھا کہ تمام فیصلے قانون کے مطابق کیے جا رہے ہیں اور اسمبلی کی تحلیل کے حوالے سے حتمی فیصلہ جلد سامنے آئے گا۔
محکمہ موسمیات کے مطابق ملک کے بیشتر علاقوں میں موسم سرد اور خشک رہے گا جبکہ بالائی علاقوں میں شدید سردی اور دھند کا امکان ہے۔ موٹروے پولیس نے شہریوں کو ہدایت کی ہے کہ دھند کے دوران غیر ضروری سفر سے گریز کریں اور گاڑیوں کی رفتار کم رکھیں تاکہ کسی حادثے سے بچا جا سکے۔
اسٹیٹ بینک کے مطابق زرمبادلہ کے ذخائر میں کمی کا رجحان برقرار ہے اور درآمدات کے لیے لیٹر آف کریڈٹ کھولنے میں مشکلات کا سامنا ہے۔ تاجر برادری نے حکومت سے مطالبہ کیا ہے کہ بندرگاہوں پر پھنسے کنٹینرز کی کلیئرنس کے لیے فوری اقدامات کیے جائیں تاکہ صنعتی پیداوار متاثر نہ ہو۔
الیکشن کمیشن نے صوبے میں بلدیاتی انتخابات کے دوسرے مرحلے کے نتائج کا اعلان کرتے ہوئے بتایا کہ کراچی اور حیدرآباد کے تمام اضلاع میں پولنگ کا عمل پُرامن طور پر مکمل ہوا اور ووٹوں کی گنتی کے بعد غیرسرکاری نتائج جاری کر دیے گئے ہیں۔ چیف الیکشن کمشنر نے امیدواروں سے اپیل کی کہ وہ نتائج کو تسلیم کریں اور کسی بھی شکایت کی صورت میں قانونی راستہ اختیار کریں۔
جواب نمبر	15
وزیراعظم نے کہا کہ حکومت ملک کو معاشی بحران سے نکالنے کے لیے تمام ممکنہ اقدامات کر رہی ہے اور عالمی مالیاتی ادارے کے ساتھ مذاکرات جاری ہیں۔ انہوں نے کہا کہ مہنگائی پر قابو پانا حکومت کی اولین ترجیح ہے اور عوام کو ریلیف دینے کے لیے نئی پالیسیاں متعارف کرائی جائیں گی۔ اجلاس میں وفاقی وزراء اور اعلیٰ حکام نے بھی شرکت کی۔
پنجاب اسمبلی میں وزیراعلیٰ کے اعتماد کے ووٹ کے معاملے پر سیاسی جماعتوں کے درمیان مشاورت کا سلسلہ جاری رہا۔ اپوزیشن رہنماؤں نے الزام عائد کیا کہ حکومت آئینی تقاضے پورے کرنے میں ناکام رہی ہے جبکہ حکومتی ارکان کا کہنا تھا کہ تمام فیصلے قانون کے مطابق کیے جا رہے ہیں اور اسمبلی کی تحلیل کے حوالے سے حتمی فیصلہ جلد سامنے آئے گا۔
محکمہ موسمیات کے مطابق ملک کے بیشتر علاقوں میں موسم سرد اور خشک رہے گا جبکہ بالائی علاقوں میں شدید سردی اور دھند کا امکان ہے۔ موٹروے پولیس نے شہریوں کو ہدایت کی ہے کہ دھند کے دوران غیر ضروری سفر سے گریز کریں اور گاڑیوں کی رفتار کم رکھیں تاکہ کسی حادثے سے بچا جا سکے۔
اسٹیٹ بینک کے مطابق زرمبادلہ کے ذخائر میں کمی کا رجحان برقرار ہے اور درآمدات کے لیے لیٹر آف کریڈٹ کھولنے میں مشکلات کا سامنا ہے۔ تاجر برادری نے حکومت سے مطالبہ کیا ہے کہ بندرگاہوں پر پھنسے کنٹینرز کی کلیئرنس کے لیے فوری اقدامات کیے جائیں تاکہ صنعتی پیداوار متاثر نہ ہو۔
جواب نمبر	16
الیکشن کمیشن نے صوبے میں بلدیاتی انتخابات کے دوسرے مرحلے کے نتائج کا اعلان کرتے ہوئے بتایا کہ کراچی اور حیدرآباد کے تمام اضلاع میں پولنگ کا عمل پُرامن طور پر مکمل ہوا اور ووٹوں کی گنتی کے بعد غیرسرکاری نتائج جاری کر دیے گئے ہیں۔ چیف الیکشن کمشنر نے امیدواروں سے اپیل کی کہ وہ نتائج کو تسلیم کریں اور کسی بھی شکایت کی صورت میں قانونی راستہ اختیار کریں۔
وزیراعظم نے کہا کہ حکومت ملک کو معاشی بحران سے نکالنے کے لیے تمام ممکنہ اقدامات کر رہی ہے اور عالمی مالیاتی ادارے کے ساتھ مذاکرات جاری ہیں۔ انہوں نے کہا کہ مہنگائی پر قابو پانا حکومت کی اولین ترجیح ہے اور عوام کو ریلیف دینے کے لیے نئی پالیسیاں متعارف کرائی جائیں گی۔ اجلاس میں وفاقی وزراء اور اعلیٰ حکام نے بھی شرکت کی۔
پنجاب اسمبلی میں وزیراعلیٰ کے اعتماد کے ووٹ کے معاملے پر سیاسی جماعتوں کے درمیان مشاورت کا سلسلہ جاری رہا۔ اپوزیشن رہنماؤں نے الزام عائد کیا کہ حکومت آئینی تقاضے پورے کرنے میں ناکام رہی ہے جبکہ حکومتی ارکان کا کہنا تھا کہ تمام فیصلے قانون کے مطابق کیے جا رہے ہیں اور اسمبلی کی تحلیل کے حوالے سے حتمی فیصلہ جلد سامنے آئے گا۔
محکمہ موسمیات کے مطابق ملک کے بیشتر علاقوں میں موسم سرد اور خشک رہے گا جبکہ بالائی علاقوں میں شدید سردی اور دھند کا امکان ہے۔ موٹروے پولیس نے شہریوں کو ہدایت کی ہے کہ دھند کے دوران غیر ضروری سفر سے گریز کریں اور گاڑیوں کی رفتار کم رکھیں تاکہ کسی حادثے سے بچا جا سکے۔
اسٹیٹ بینک کے مطابق زرمبادلہ کے ذخائر میں کمی کا رجحان برقرار ہے اور درآمدات کے لیے لیٹر آف کریڈٹ کھولنے میں مشکلات کا سامنا ہے۔ تاجر برادری نے حکومت سے مطالبہ کیا ہے کہ بندرگاہوں پر پھنسے کنٹینرز کی کلیئرنس کے لیے فوری اقدامات کیے جائیں تاکہ صنعتی پیداوار متاثر نہ ہو۔
الیکشن کمیشن نے صوبے میں بلدیاتی انتخابات کے دوسرے مرحلے کے نتائج کا اعلان کرتے ہوئے بتایا کہ کراچی اور حیدرآباد کے تمام اضلاع میں پولنگ کا عمل پُرامن طور پر مکمل ہوا اور ووٹوں کی گنتی کے بعد غیرسرکاری نتائج جاری کر دیے گئے ہیں۔ چیف الیکشن کمشنر نے امیدواروں سے اپیل کی کہ وہ نتائج کو تسلیم کریں اور کسی بھی شکایت کی صورت میں قانونی راستہ اختیار کریں۔
جواب نمبر	17
محکمہ موسمیات کے مطابق ملک کے بیشتر علاقوں میں موسم سرد اور خشک رہے گا جبکہ بالائی علاقوں میں شدید سردی اور دھند کا امکان ہے۔ موٹروے پولیس نے شہریوں کو ہدایت کی ہے کہ دھند کے دوران غیر ضروری سفر سے گریز کریں اور گاڑیوں کی رفتار کم رکھیں تاکہ کسی حادثے سے بچا جا سکے۔
اسٹیٹ بینک کے مطابق زرمبادلہ کے ذخائر میں کمی کا رجحان برقرار ہے اور درآمدات کے لیے لیٹر آف کریڈٹ کھولنے میں مشکلات کا سامنا ہے۔ تاجر برادری نے حکومت سے مطالبہ کیا ہے کہ بندرگاہوں پر پھنسے کنٹینرز کی کلیئرنس کے لیے فوری اقدامات کیے جائیں تاکہ صنعتی پیداوار متاثر نہ ہو۔
الیکشن کمیشن نے صوبے میں بلدیاتی انتخابات کے دوسرے مرحلے کے نتائج کا اعلان کرتے ہوئے بتایا کہ کراچی اور حیدرآباد کے تمام اضلاع میں پولنگ کا عمل پُرامن طور پر مکمل ہوا اور ووٹوں کی گنتی کے بعد غیرسرکاری نتائج جاری کر دیے گئے ہیں۔ چیف الیکشن کمشنر نے امیدواروں سے اپیل کی کہ وہ نتائج کو تسلیم کریں اور کسی بھی شکایت کی صورت میں قانونی راستہ اختیار کریں۔
جواب نمبر	18
وزیراعظم نے کہا کہ حکومت ملک کو معاشی بحران سے نکالنے کے لیے تمام ممکنہ اقدامات کر رہی ہے اور عالمی مالیاتی ادارے کے ساتھ مذاکرات جاری ہیں۔ انہوں نے کہا کہ مہنگائی پر قابو پانا حکومت کی اولین ترجیح ہے اور عوام کو ریلیف دینے کے لیے نئی پالیسیاں متعارف کرائی جائیں گی۔ اجلاس میں وفاقی وزراء اور اعلیٰ حکام نے بھی شرکت کی۔
پنجاب اسمبلی میں وزیراعلیٰ کے اعتماد کے ووٹ کے معاملے پر سیاسی جماعتوں کے درمیان مشاورت کا سلسلہ جاری رہا۔ اپوزیشن رہنماؤں نے الزام عائد کیا کہ حکومت آئینی تقاضے پورے کرنے میں ناکام رہی ہے جبکہ حکومتی ارکان کا کہنا تھا کہ تمام فیصلے قانون کے مطابق کیے جا رہے ہیں اور اسمبلی کی تحلیل کے حوالے سے حتمی فیصلہ جلد سامنے آئے گا۔
محکمہ موسمیات کے مطابق ملک کے بیشتر علاقوں میں موسم سرد اور خشک رہے گا جبکہ بالائی علاقوں میں شدید سردی اور دھند کا امکان ہے۔ موٹروے پولیس نے شہریوں کو ہدایت کی ہے کہ دھند کے دوران غیر ضروری سفر سے گریز کریں اور گاڑیوں کی رفتار کم رکھیں تاکہ کسی حادثے سے بچا جا سکے۔
اسٹیٹ بینک کے مطابق زرمبادلہ کے ذخائر میں کمی کا رجحان برقرار ہے اور درآمدات کے لیے لیٹر آف کریڈٹ کھولنے میں مشکلات کا سامنا ہے۔ تاجر برادری نے حکومت سے مطالبہ کیا ہے کہ بندرگاہوں پر پھنسے کنٹینرز کی کلیئرنس کے لیے فوری اقدامات کیے جائیں تاکہ صنعتی پیداوار متاثر نہ ہو۔
الیکشن کمیشن نے صوبے میں بلدیاتی انتخابات کے دوسرے مرحلے کے نتائج کا اعلان کرتے ہوئے بتایا کہ کراچی اور حیدرآباد کے تمام اضلاع میں پولنگ کا عمل پُرامن طور پر مکمل ہوا اور ووٹوں کی گنتی کے بعد غیرسرکاری نتائج جاری کر دیے گئے ہیں۔ چیف الیکشن کمشنر نے امیدواروں سے اپیل کی کہ وہ نتائج کو تسلیم کریں اور کسی بھی شکایت کی صورت میں قانونی راستہ اختیار کریں۔
وزیراعظم نے کہا کہ حکومت ملک کو معاشی بحران سے نکالنے کے لیے تمام ممکنہ اقدامات کر رہی ہے اور عالمی مالیاتی ادارے کے ساتھ مذاکرات جاری ہیں۔ انہوں نے کہا کہ مہنگائی پر قابو پانا حکومت کی اولین ترجیح ہے اور عوام کو ریلیف دینے کے لیے نئی پالیسیاں متعارف کرائی جائیں گی۔ اجلاس میں وفاقی وزراء اور اعلیٰ حکام نے بھی شرکت کی۔
پنجاب اسمبلی میں وزیراعلیٰ کے اعتماد کے ووٹ کے معاملے پر سیاسی جماعتوں کے درمیان مشاورت کا سلسلہ جاری رہا۔ اپوزیشن رہنماؤں نے الزام عائد کیا کہ حکومت آئینی تقاضے پورے کرنے میں ناکام رہی ہے جبکہ حکومتی ارکان کا کہنا تھا کہ تمام فیصلے قانون کے مطابق کیے جا رہے ہیں اور اسمبلی کی تحلیل کے حوالے سے حتمی فیصلہ جلد سامنے آئے گا۔
محکمہ موسمیات کے مطابق ملک کے بیشتر علاقوں میں موسم سرد اور خشک رہے گا جبکہ بالائی علاقوں میں شدید سردی اور دھند کا امکان ہے۔ موٹروے پولیس نے شہریوں کو ہدایت کی ہے کہ دھند کے دوران غیر ضروری سفر سے گریز کریں اور گاڑیوں کی رفتار کم رکھیں تاکہ کسی حادثے سے بچا جا سکے۔
اسٹیٹ بینک کے مطابق زرمبادلہ کے ذخائر میں کمی کا رجحان برقرار ہے اور درآمدات کے لیے لیٹر آف کریڈٹ کھولنے میں مشکلات کا سامنا ہے۔ تاجر برادری نے حکومت سے مطالبہ کیا ہے کہ بندرگاہوں پر پھنسے کنٹینرز کی کلیئرنس کے لیے فوری اقدامات کیے جائیں تاکہ صنعتی پیداوار متاثر نہ ہو۔
الیکشن کمیشن نے صوبے میں بلدیاتی انتخابات کے دوسرے مرحلے کے نتائج کا اعلان کرتے ہوئے بتایا کہ کراچی اور حیدرآباد کے تمام اضلاع میں پولنگ کا عمل پُرامن طور پر مکمل ہوا اور ووٹوں کی گنتی کے بعد غیرسرکاری نتائج جاری کر دیے گئے ہیں۔ چیف الیکشن کمشنر نے امیدواروں سے اپیل کی کہ وہ نتائج کو تسلیم کریں اور کسی بھی شکایت کی صورت میں قانونی راستہ اختیار کریں۔
جواب نمبر	19
وزیراعظم نے کہا کہ حکومت ملک کو معاشی بحران سے نکالنے کے لیے تمام ممکنہ اقدامات کر رہی ہے اور عالمی مالیاتی ادارے کے ساتھ مذاکرات جاری ہیں۔ انہوں نے کہا کہ مہنگائی پر قابو پانا حکومت کی اولین ترجیح ہے اور عوام کو ریلیف دینے کے لیے نئی پالیسیاں متعارف کرائی جائیں گی۔ اجلاس میں وفاقی وزراء اور اعلیٰ حکام نے بھی شرکت کی۔
پنجاب اسمبلی میں وزیراعلیٰ کے اعتماد کے ووٹ کے معاملے پر سیاسی جماعتوں کے درمیان مشاورت کا سلسلہ جاری رہا۔ اپوزیشن رہنماؤں نے الزام عائد کیا کہ حکومت آئینی تقاضے پورے کرنے میں ناکام رہی ہے جبکہ حکومتی ارکان کا کہنا تھا کہ تمام فیصلے قانون کے مطابق کیے جا رہے ہیں اور اسمبلی کی تحلیل کے حوالے سے حتمی فیصلہ جلد سامنے آئے گا۔
جواب نمبر	20
محکمہ موسمیات کے مطابق ملک کے بیشتر علاقوں میں موسم سرد اور خشک رہے گا جبکہ بالائی علاقوں میں شدید سردی اور دھند کا امکان ہے۔ موٹروے پولیس نے شہریوں کو ہدایت کی ہے کہ دھند کے دوران غیر ضروری سفر سے گریز کریں اور گاڑیوں کی رفتار کم رکھیں تاکہ کسی حادثے سے بچا جا سکے۔
اسٹیٹ بینک کے مطابق زرمبادلہ کے ذخائر میں کمی کا رجحان برقرار ہے اور درآمدات کے لیے لیٹر آف کریڈٹ کھولنے میں مشکلات کا سامنا ہے۔ تاجر برادری نے حکومت سے مطالبہ کیا ہے کہ بندرگاہوں پر پھنسے کنٹینرز کی کلیئرنس کے لیے فوری اقدامات کیے جائیں تاکہ صنعتی پیداوار متاثر نہ ہو۔
الیکشن کمیشن نے صوبے میں بلدیاتی انتخابات کے دوسرے مرحلے کے نتائج کا اعلان کرتے ہوئے بتایا کہ کراچی اور حیدرآباد کے تمام اضلاع میں پولنگ کا عمل پُرامن طور پر مکمل ہوا اور ووٹوں کی گنتی کے بعد غیرسرکاری نتائج جاری کر دیے گئے ہیں۔ چیف الیکشن کمشنر نے امیدواروں سے اپیل کی کہ وہ نتائج کو تسلیم کریں اور کسی بھی شکایت کی صورت میں قانونی راستہ اختیار کریں۔
وزیراعظم نے کہا کہ حکومت ملک کو معاشی بحران سے نکالنے کے لیے تمام ممکنہ اقدامات کر رہی ہے اور عالمی مالیاتی ادارے کے ساتھ مذاکرات جاری ہیں۔ انہوں نے کہا کہ مہنگائی پر قابو پانا حکومت کی اولین ترجیح ہے اور عوام کو ریلیف دینے کے لیے نئی پالیسیاں متعارف کرائی جائیں گی۔ اجلاس میں وفاقی وزراء اور اعلیٰ حکام نے بھی شرکت کی۔
پنجاب اسمبلی میں وزیراعلیٰ کے اعتماد کے ووٹ کے معاملے پر سیاسی جماعتوں کے درمیان مشاورت کا سلسلہ جاری رہا۔ اپوزیشن رہنماؤں نے الزام عائد کیا کہ حکومت آئینی تقاضے پورے کرنے میں ناکام رہی ہے جبکہ حکومتی ارکان کا کہنا تھا کہ تمام فیصلے قانون کے مطابق کیے جا رہے ہیں اور اسمبلی کی تحلیل کے حوالے سے حتمی فیصلہ جلد سامنے آئے گا۔
محکمہ موسمیات کے مطابق ملک کے بیشتر علاقوں میں موسم سرد اور خشک رہے گا جبکہ بالائی علاقوں میں شدید سردی اور دھند کا امکان ہے۔ موٹروے پولیس نے شہریوں کو ہدایت کی ہے کہ دھند کے دوران غیر ضروری سفر سے گریز کریں اور گاڑیوں کی رفتار کم رکھیں تاکہ کسی حادثے سے بچا جا سکے۔
اسٹیٹ بینک کے مطابق زرمبادلہ کے ذخائر میں کمی کا رجحان برقرار ہے اور درآمدات کے لیے لیٹر آف کریڈٹ کھولنے میں مشکلات کا سامنا ہے۔ تاجر برادری نے حکومت سے مطالبہ کیا ہے کہ بندرگاہوں پر پھنسے کنٹینرز کی کلیئرنس کے لیے فوری اقدامات کیے جائیں تاکہ صنعتی پیداوار متاثر نہ ہو۔
الیکشن کمیشن نے صوبے میں بلدیاتی انتخابات کے دوسرے مرحلے کے نتائج کا اعلان کرتے ہوئے بتایا کہ کراچی اور حیدرآباد کے تمام اضلاع میں پولنگ کا عمل پُرامن طور پر مکمل ہوا اور ووٹوں کی گنتی کے بعد غیرسرکاری نتائج جاری کر دیے گئے ہیں۔ چیف الیکشن کمشنر نے امیدواروں سے اپیل کی کہ وہ نتائج کو تسلیم کریں اور کسی بھی شکایت کی صورت میں قانونی راستہ اختیار کریں۔
وزیراعظم نے کہا کہ حکومت ملک کو معاشی بحران سے نکالنے کے لیے تمام ممکنہ اقدامات کر رہی ہے اور عالمی مالیاتی ادارے کے ساتھ مذاکرات جاری ہیں۔ انہوں نے کہا کہ مہنگائی پر قابو پانا حکومت کی اولین ترجیح ہے اور عوام کو ریلیف دینے کے لیے نئی پالیسیاں متعارف کرائی جائیں گی۔ اجلاس میں وفاقی وزراء اور اعلیٰ حکام نے بھی شرکت کی۔
جواب نمبر	21
پنجاب اسمبلی میں وزیراعلیٰ کے اعتماد کے ووٹ کے معاملے پر سیاسی جماعتوں کے درمیان مشاورت کا سلسلہ جاری رہا۔ اپوزیشن رہنماؤں نے الزام عائد کیا کہ حکومت آئینی تقاضے پورے کرنے میں ناکام رہی ہے جبکہ حکومتی ارکان کا کہنا تھا کہ تمام فیصلے قانون کے مطابق کیے جا رہے ہیں اور اسمبلی کی تحلیل کے حوالے سے حتمی فیصلہ جلد سامنے آئے گا۔
محکمہ موسمیات کے مطابق ملک کے بیشتر علاقوں میں موسم سرد اور خشک رہے گا جبکہ بالائی علاقوں میں شدید سردی اور دھند کا امکان ہے۔ موٹروے پولیس نے شہریوں کو ہدایت کی ہے کہ دھند کے دوران غیر ضروری سفر سے گریز کریں اور گاڑیوں کی رفتار کم رکھیں تاکہ کسی حادثے سے بچا جا سکے۔
اسٹیٹ بینک کے مطابق زرمبادلہ کے ذخائر میں کمی کا رجحان برقرار ہے اور درآمدات کے لیے لیٹر آف کریڈٹ کھولنے میں مشکلات کا سامنا ہے۔ تاجر برادری نے حکومت سے مطالبہ کیا ہے کہ بندرگاہوں پر پھنسے کنٹینرز کی کلیئرنس کے لیے فوری اقدامات کیے جائیں تاکہ صنعتی پیداوار متاثر نہ ہو۔
الیکشن کمیشن نے صوبے میں بلدیاتی انتخابات کے دوسرے مرحلے کے نتائج کا اعلان کرتے ہوئے بتایا کہ کراچی اور حیدرآباد کے تمام اضلاع میں پولنگ کا عمل پُرامن طور پر مکمل ہوا اور ووٹوں کی گنتی کے بعد غیرسرکاری نتائج جاری کر دیے گئے ہیں۔ چیف الیکشن کمشنر نے امیدواروں سے اپیل کی کہ وہ نتائج کو تسلیم کریں اور کسی بھی شکایت کی صورت میں قانونی راستہ اختیار کریں۔
وزیراعظم نے کہا کہ حکومت ملک کو معاشی بحران سے نکالنے کے لیے تمام ممکنہ اقدامات کر رہی ہے اور عالمی مالیاتی ادارے کے ساتھ مذاکرات جاری ہیں۔ انہوں نے کہا کہ مہنگائی پر قابو پانا حکومت کی اولین ترجیح ہے اور عوام کو ریلیف دینے کے لیے نئی پالیسیاں متعارف کرائی جائیں گی۔ اجلاس میں وفاقی وزراء اور اعلیٰ حکام نے بھی شرکت کی۔
پنجاب اسمبلی میں وزیراعلیٰ کے اعتماد کے ووٹ کے معاملے پر سیاسی جماعتوں کے درمیان مشاورت کا سلسلہ جاری رہا۔ اپوزیشن رہنماؤں نے الزام عائد کیا کہ حکومت آئینی تقاضے پورے کرنے میں ناکام رہی ہے جبکہ حکومتی ارکان کا کہنا تھا کہ تمام فیصلے قانون کے مطابق کیے جا رہے ہیں اور اسمبلی کی تحلیل کے حوالے سے حتمی فیصلہ جلد سامنے آئے گا۔
جواب نمبر	22
محکمہ موسمیات کے مطابق ملک کے بیشتر علاقوں میں موسم سرد اور خشک رہے گا جبکہ بالائی علاقوں میں شدید سردی اور دھند کا امکان ہے۔ موٹروے پولیس نے شہریوں کو ہدایت کی ہے کہ دھند کے دوران غیر ضروری سفر سے گریز کریں اور گاڑیوں کی رفتار کم رکھیں تاکہ کسی حادثے سے بچا جا سکے۔
اسٹیٹ بینک کے مطابق زرمبادلہ کے ذخائر میں کمی کا رجحان برقرار ہے اور درآمدات کے لیے لیٹر آف کریڈٹ کھولنے میں مشکلات کا سامنا ہے۔ تاجر برادری نے حکومت سے مطالبہ کیا ہے کہ بندرگاہوں پر پھنسے کنٹینرز کی کلیئرنس کے لیے فوری اقدامات کیے جائیں تاکہ صنعتی پیداوار متاثر نہ ہو۔
الیکشن کمیشن نے صوبے میں بلدیاتی انتخابات کے دوسرے مرحلے کے نتائج کا اعلان کرتے ہوئے بتایا کہ کراچی اور حیدرآباد کے تمام اضلاع میں پولنگ کا عمل پُرامن طور پر مکمل ہوا اور ووٹوں کی گنتی کے بعد غیرسرکاری نتائج جاری کر دیے گئے ہیں۔ چیف الیکشن کمشنر نے امیدواروں سے اپیل کی کہ وہ نتائج کو تسلیم کریں اور کسی بھی شکایت کی صورت میں قانونی راستہ اختیار کریں۔
وزیراعظم نے کہا کہ حکومت ملک کو معاشی بحران سے نکالنے کے لیے تمام ممکنہ اقدامات کر رہی ہے اور عالمی مالیاتی ادارے کے ساتھ مذاکرات جاری ہیں۔ انہوں نے کہا کہ مہنگائی پر قابو پانا حکومت کی اولین ترجیح ہے اور عوام کو ریلیف دینے کے لیے نئی پالیسیاں متعارف کرائی جائیں گی۔ اجلاس میں وفاقی وزراء اور اعلیٰ حکام نے بھی شرکت کی۔
پنجاب اسمبلی میں وزیراعلیٰ کے اعتماد کے ووٹ کے معاملے پر سیاسی جماعتوں کے درمیان مشاورت کا سلسلہ جاری رہا۔ اپوزیشن رہنماؤں نے الزام عائد کیا کہ حکومت آئینی تقاضے پورے کرنے میں ناکام رہی ہے جبکہ حکومتی ارکان کا کہنا تھا کہ تمام فیصلے قانون کے مطابق کیے جا رہے ہیں اور اسمبلی کی تحلیل کے حوالے سے حتمی فیصلہ جلد سامنے آئے گا۔
محکمہ موسمیات کے مطابق ملک کے بیشتر علاقوں میں موسم سرد اور خشک رہے گا جبکہ بالائی علاقوں میں شدید سردی اور دھند کا امکان ہے۔ موٹروے پولیس نے شہریوں کو ہدایت کی ہے کہ دھند کے دوران غیر ضروری سفر سے گریز کریں اور گاڑیوں کی رفتار کم رکھیں تاکہ کسی حادثے سے بچا جا سکے۔
جواب نمبر	23
اسٹیٹ بینک کے مطابق زرمبادلہ کے ذخائر میں کمی کا رجحان برقرار ہے اور درآمدات کے لیے لیٹر آف کریڈٹ کھولنے میں مشکلات کا سامنا ہے۔ تاجر برادری نے حکومت سے مطالبہ کیا ہے کہ بندرگاہوں پر پھنسے کنٹینرز کی کلیئرنس کے لیے فوری اقدامات کیے جائیں تاکہ صنعتی پیداوار متاثر نہ ہو۔
الیکشن کمیشن نے صوبے میں بلدیاتی انتخابات کے دوسرے مرحلے کے نتائج کا اعلان کرتے ہوئے بتایا کہ کراچی اور حیدرآباد کے تمام اضلاع میں پولنگ کا عمل پُرامن طور پر مکمل ہوا اور ووٹوں کی گنتی کے بعد غیرسرکاری نتائج جاری کر دیے گئے ہیں۔ چیف الیکشن کمشنر نے امیدواروں سے اپیل کی کہ وہ نتائج کو تسلیم کریں اور کسی بھی شکایت کی صورت میں قانونی راستہ اختیار کریں۔
وزیراعظم نے کہا کہ حکومت ملک کو معاشی بحران سے نکالنے کے لیے تمام ممکنہ اقدامات کر رہی ہے اور عالمی مالیاتی ادارے کے ساتھ مذاکرات جاری ہیں۔ انہوں نے کہا کہ مہنگائی پر قابو پانا حکومت کی اولین ترجیح ہے اور عوام کو ریلیف دینے کے لیے نئی پالیسیاں متعارف کرائی جائیں گی۔ اجلاس میں وفاقی وزراء اور اعلیٰ حکام نے بھی شرکت کی۔
جواب نمبر	24
پنجاب اسمبلی میں وزیراعلیٰ کے اعتماد کے ووٹ کے معاملے پر سیاسی جماعتوں کے درمیان مشاورت کا سلسلہ جاری رہا۔ اپوزیشن رہنماؤں نے الزام عائد کیا کہ حکومت آئینی تقاضے پورے کرنے میں ناکام رہی ہے جبکہ حکومتی ارکان کا کہنا تھا کہ تمام فیصلے قانون کے مطابق کیے جا رہے ہیں اور اسمبلی کی تحلیل کے حوالے سے حتمی فیصلہ جلد سامنے آئے گا۔
جواب نمبر	25
اسٹیٹ بینک کے مطابق زرمبادلہ کے ذخائر میں کمی کا رجحان برقرار ہے اور درآمدات کے لیے لیٹر آف کریڈٹ کھولنے میں مشکلات کا سامنا ہے۔ تاجر برادری نے حکومت سے مطالبہ کیا ہے کہ بندرگاہوں پر پھنسے کنٹینرز کی کلیئرنس کے لیے فوری اقدامات کیے جائیں تاکہ صنعتی پیداوار متاثر نہ ہو۔
الیکشن کمیشن نے صوبے میں بلدیاتی انتخابات کے دوسرے مرحلے کے نتائج کا اعلان کرتے ہوئے بتایا کہ کراچی اور حیدرآباد کے تمام اضلاع میں پولنگ کا عمل پُرامن طور پر مکمل ہوا اور ووٹوں کی گنتی کے بعد غیرسرکاری نتائج جاری کر دیے گئے ہیں۔ چیف الیکشن کمشنر نے امیدواروں سے اپیل کی کہ وہ نتائج کو تسلیم کریں اور کسی بھی شکایت کی صورت میں قانونی راستہ اختیار کریں۔
وزیراعظم نے کہا کہ حکومت ملک کو معاشی بحران سے نکالنے کے لیے تمام ممکنہ اقدامات کر رہی ہے اور عالمی مالیاتی ادارے کے ساتھ مذاکرات جاری ہیں۔ انہوں نے کہا کہ مہنگائی پر قابو پانا حکومت کی اولین ترجیح ہے اور عوام کو ریلیف دینے کے لیے نئی پالیسیاں متعارف کرائی جائیں گی۔ اجلاس میں وفاقی وزراء اور اعلیٰ حکام نے بھی شرکت کی۔
پنجاب اسمبلی میں وزیراعلیٰ کے اعتماد کے ووٹ کے معاملے پر سیاسی جماعتوں کے درمیان مشاورت کا سلسلہ جاری رہا۔ اپوزیشن رہنماؤں نے الزام عائد کیا کہ حکومت آئینی تقاضے پورے کرنے میں ناکام رہی ہے جبکہ حکومتی ارکان کا کہنا تھا کہ تمام فیصلے قانون کے مطابق کیے جا رہے ہیں اور اسمبلی کی تحلیل کے حوالے سے حتمی فیصلہ جلد سامنے آئے گا۔
محکمہ موسمیات کے مطابق ملک کے بیشتر علاقوں میں موسم سرد اور خشک رہے گا جبکہ بالائی علاقوں میں شدید سردی اور دھند کا امکان ہے۔ موٹروے پولیس نے شہریوں کو ہدایت کی ہے کہ دھند کے دوران غیر ضروری سفر سے گریز کریں اور گاڑیوں کی رفتار کم رکھیں تاکہ کسی حادثے سے بچا جا سکے۔
اسٹیٹ بینک کے مطابق زرمبادلہ کے ذخائر میں کمی کا رجحان برقرار ہے اور درآمدات کے لیے لیٹر آف کریڈٹ کھولنے میں مشکلات کا سامنا ہے۔ تاجر برادری نے حکومت سے مطالبہ کیا ہے کہ بندرگاہوں پر پھنسے کنٹینرز کی کلیئرنس کے لیے فوری اقدامات کیے جائیں تاکہ صنعتی پیداوار متاثر نہ ہو۔
الیکشن کمیشن نے صوبے میں بلدیاتی انتخابات کے دوسرے مرحلے کے نتائج کا اعلان کرتے ہوئے بتایا کہ کراچی اور حیدرآباد کے تمام اضلاع میں پولنگ کا عمل پُرامن طور پر مکمل ہوا اور ووٹوں کی گنتی کے بعد غیرسرکاری نتائج جاری کر دیے گئے ہیں۔ چیف الیکشن کمشنر نے امیدواروں سے اپیل کی کہ وہ نتائج کو تسلیم کریں اور کسی بھی شکایت کی صورت میں قانونی راستہ اختیار کریں۔
وزیراعظم نے کہا کہ حکومت ملک کو معاشی بحران سے نکالنے کے لیے تمام ممکنہ اقدامات کر رہی ہے اور عالمی مالیاتی ادارے کے ساتھ مذاکرات جاری ہیں۔ انہوں نے کہا کہ مہنگائی پر قابو پانا حکومت کی اولین ترجیح ہے اور عوام کو ریلیف دینے کے لیے نئی پالیسیاں متعارف کرائی جائیں گی۔ اجلاس میں وفاقی وزراء اور اعلیٰ حکام نے بھی شرکت کی۔
پنجاب اسمبلی میں وزیراعلیٰ کے اعتماد کے ووٹ کے معاملے پر سیاسی جماعتوں کے درمیان مشاورت کا سلسلہ جاری رہا۔ اپوزیشن رہنماؤں نے الزام عائد کیا کہ حکومت آئینی تقاضے پورے کرنے میں ناکام رہی ہے جبکہ حکومتی ارکان کا کہنا تھا کہ تمام فیصلے قانون کے مطابق کیے جا رہے ہیں اور اسمبلی کی تحلیل کے حوالے سے حتمی فیصلہ جلد سامنے آئے گا۔
محکمہ موسمیات کے مطابق ملک کے بیشتر علاقوں میں موسم سرد اور خشک رہے گا جبکہ بالائی علاقوں میں شدید سردی اور دھند کا امکان ہے۔ موٹروے پولیس نے شہریوں کو ہدایت کی ہے کہ دھند کے دوران غیر ضروری سفر سے گریز کریں اور گاڑیوں کی رفتار کم رکھیں تاکہ کسی حادثے سے بچا جا سکے۔
اسٹیٹ بینک کے مطابق زرمبادلہ کے ذخائر میں کمی کا رجحان برقرار ہے اور درآمدات کے لیے لیٹر آف کریڈٹ کھولنے میں مشکلات کا سامنا ہے۔ تاجر برادری نے حکومت سے مطالبہ کیا ہے کہ بندرگاہوں پر پھنسے کنٹینرز کی کلیئرنس کے لیے فوری اقدامات کیے جائیں تاکہ صنعتی پیداوار متاثر نہ ہو۔
الیکشن کمیشن نے صوبے میں بلدیاتی انتخابات کے دوسرے مرحلے کے نتائج کا اعلان کرتے ہوئے بتایا کہ کراچی اور حیدرآباد کے تمام اضلاع میں پولنگ کا عمل پُرامن طور پر مکمل ہوا اور ووٹوں کی گنتی کے بعد غیرسرکاری نتائج جاری کر دیے گئے ہیں۔ چیف الیکشن کمشنر نے امیدواروں سے اپیل کی کہ وہ نتائج کو تسلیم کریں اور کسی بھی شکایت کی صورت میں قانونی راستہ اختیار کریں۔
وزیراعظم نے کہا کہ حکومت ملک کو معاشی بحران سے نکالنے کے لیے تمام ممکنہ اقدامات کر رہی ہے اور عالمی مالیاتی ادارے کے ساتھ مذاکرات جاری ہیں۔ انہوں نے کہا کہ مہنگائی پر قابو پانا حکومت کی اولین ترجیح ہے اور عوام کو ریلیف دینے کے لیے نئی پالیسیاں متعارف کرائی جائیں گی۔ اجلاس میں وفاقی وزراء اور اعلیٰ حکام نے بھی شرکت کی۔
پنجاب اسمبلی میں وزیراعلیٰ کے اعتماد کے ووٹ کے معاملے پر سیاسی جماعتوں کے درمیان مشاورت کا سلسلہ جاری رہا۔ اپوزیشن رہنماؤں نے الزام عائد کیا کہ حکومت آئینی تقاضے پورے کرنے میں ناکام رہی ہے جبکہ حکومتی ارکان کا کہنا تھا کہ تمام فیصلے قانون کے مطابق کیے جا رہے ہیں اور اسمبلی کی تحلیل کے حوالے سے حتمی فیصلہ جلد سامنے آئے گا۔
محکمہ موسمیات کے مطابق ملک کے بیشتر علاقوں میں موسم سرد اور خشک رہے گا جبکہ بالائی علاقوں میں شدید سردی اور دھند کا امکان ہے۔ موٹروے پولیس نے شہریوں کو ہدایت کی ہے کہ دھند کے دوران غیر ضروری سفر سے گریز کریں اور گاڑیوں کی رفتار کم رکھیں تاکہ کسی حادثے سے بچا جا سکے۔
اسٹیٹ بینک کے مطابق زرمبادلہ کے ذخائر میں کمی کا رجحان برقرار ہے اور درآمدات کے لیے لیٹر آف کریڈٹ کھولنے میں مشکلات کا سامنا ہے۔ تاجر برادری نے حکومت سے مطالبہ کیا ہے کہ بندرگاہوں پر پھنسے کنٹینرز کی کلیئرنس کے لیے فوری اقدامات کیے جائیں تاکہ صنعتی پیداوار متاثر نہ ہو۔
الیکشن کمیشن نے صوبے میں بلدیاتی انتخابات کے دوسرے مرحلے کے نتائج کا اعلان کرتے ہوئے بتایا کہ کراچی اور حیدرآباد کے تمام اضلاع میں پولنگ کا عمل پُرامن طور پر مکمل ہوا اور ووٹوں کی گنتی کے بعد غیرسرکاری نتائج جاری کر دیے گئے ہیں۔ چیف الیکشن کمشنر نے امیدواروں سے اپیل کی کہ وہ نتائج کو تسلیم کریں اور کسی بھی شکایت کی صورت میں قانونی راستہ اختیار کریں۔
وزیراعظم نے کہا کہ حکومت ملک کو معاشی بحران سے نکالنے کے لیے تمام ممکنہ اقدامات کر رہی ہے اور عالمی مالیاتی ادارے کے ساتھ مذاکرات جاری ہیں۔ انہوں نے کہا کہ مہنگائی پر قابو پانا حکومت کی اولین ترجیح ہے اور عوام کو ریلیف دینے کے لیے نئی پالیسیاں متعارف کرائی جائیں گی۔ اجلاس میں وفاقی وزراء اور اعلیٰ حکام نے بھی شرکت کی۔
پنجاب اسمبلی میں وزیراعلیٰ کے اعتماد کے ووٹ کے معاملے پر سیاسی جماعتوں کے درمیان مشاورت کا سلسلہ جاری رہا۔ اپوزیشن رہنماؤں نے الزام عائد کیا کہ حکومت آئینی تقاضے پورے کرنے میں ناکام رہی ہے جبکہ حکومتی ارکان کا کہنا تھا کہ تمام فیصلے قانون کے مطابق کیے جا رہے ہیں اور اسمبلی کی تحلیل کے حوالے سے حتمی فیصلہ جلد سامنے آئے گا۔
محکمہ موسمیات کے مطابق ملک کے بیشتر علاقوں میں موسم سرد اور خشک رہے گا جبکہ بالائی علاقوں میں شدید سردی اور دھند کا امکان ہے۔ موٹروے پولیس نے شہریوں کو ہدایت کی ہے کہ دھند کے دوران غیر ضروری سفر سے گریز کریں اور گاڑیوں کی رفتار کم رکھیں تاکہ کسی حادثے سے بچا جا سکے۔
اسٹیٹ بینک کے مطابق زرمبادلہ کے ذخائر میں کمی کا رجحان برقرار ہے اور درآمدات کے لیے لیٹر آف کریڈٹ کھولنے میں مشکلات کا سامنا ہے۔ تاجر برادری نے حکومت سے مطالبہ کیا ہے کہ بندرگاہوں پر پھنسے کنٹینرز کی کلیئرنس کے لیے فوری اقدامات کیے جائیں تاکہ صنعتی پیداوار متاثر نہ ہو۔
الیکشن کمیشن نے صوبے میں بلدیاتی انتخابات کے دوسرے مرحلے کے نتائج کا اعلان کرتے ہوئے بتایا کہ کراچی اور حیدرآباد کے تمام اضلاع میں پولنگ کا عمل پُرامن طور پر مکمل ہوا اور ووٹوں کی گنتی کے بعد غیرسرکاری نتائج جاری کر دیے گئے ہیں۔ چیف الیکشن کمشنر نے امیدواروں سے اپیل کی کہ وہ نتائج کو تسلیم کریں اور کسی بھی شکایت کی صورت میں قانونی راستہ اختیار کریں۔
وزیراعظم نے کہا کہ حکومت ملک کو معاشی بحران سے نکالنے کے لیے تمام ممکنہ اقدامات کر رہی ہے اور عالمی مالیاتی ادارے کے ساتھ مذاکرات جاری ہیں۔ انہوں نے کہا کہ مہنگائی پر قابو پانا حکومت کی اولین ترجیح ہے اور عوام کو ریلیف دینے کے لیے نئی پالیسیاں متعارف کرائی جائیں گی۔ اجلاس میں وفاقی وزراء اور اعلیٰ حکام نے بھی شرکت کی۔
پنجاب اسمبلی میں وزیراعلیٰ کے اعتماد کے ووٹ کے معاملے پر سیاسی جماعتوں کے درمیان مشاورت کا سلسلہ جاری رہا۔ اپوزیشن رہنماؤں نے الزام عائد کیا کہ حکومت آئینی تقاضے پورے کرنے میں ناکام رہی ہے جبکہ حکومتی ارکان کا کہنا تھا کہ تمام فیصلے قانون کے مطابق کیے جا رہے ہیں اور اسمبلی کی تحلیل کے حوالے سے حتمی فیصلہ جلد سامنے آئے گا۔
محکمہ موسمیات کے مطابق ملک کے بیشتر علاقوں میں موسم سرد اور خشک رہے گا جبکہ بالائی علاقوں میں شدید سردی اور دھند کا امکان ہے۔ موٹروے پولیس نے شہریوں کو ہدایت کی ہے کہ دھند کے دوران غیر ضروری سفر سے گریز کریں اور گاڑیوں کی رفتار کم رکھیں تاکہ کسی حادثے سے بچا جا سکے۔
اسٹیٹ بینک کے مطابق زرمبادلہ کے ذخائر میں کمی کا رجحان برقرار ہے اور درآمدات کے لیے لیٹر آف کریڈٹ کھولنے میں مشکلات کا سامنا ہے۔ تاجر برادری نے حکومت سے مطالبہ کیا ہے کہ بندرگاہوں پر پھنسے کنٹینرز کی کلیئرنس کے لیے فوری اقدامات کیے جائیں تاکہ صنعتی پیداوار متاثر نہ ہو۔
الیکشن کمیشن نے صوبے میں بلدیاتی انتخابات کے دوسرے مرحلے کے نتائج کا اعلان کرتے ہوئے بتایا کہ کراچی اور حیدرآباد کے تمام اضلاع میں پولنگ کا عمل پُرامن طور پر مکمل ہوا اور ووٹوں کی گنتی کے بعد غیرسرکاری نتائج جاری کر دیے گئے ہیں۔ چیف الیکشن کمشنر نے امیدواروں سے اپیل کی کہ وہ نتائج کو تسلیم کریں اور کسی بھی شکایت کی صورت میں قانونی راستہ اختیار کریں۔
وزیراعظم نے کہا کہ حکومت ملک کو معاشی بحران سے نکالنے کے لیے تمام ممکنہ اقدامات کر رہی ہے اور عالمی مالیاتی ادارے کے ساتھ مذاکرات جاری ہیں۔ انہوں نے کہا کہ مہنگائی پر قابو پانا حکومت کی اولین ترجیح ہے اور عوام کو ریلیف دینے کے لیے نئی پالیسیاں متعارف کرائی جائیں گی۔ اجلاس میں وفاقی وزراء اور اعلیٰ حکام نے بھی شرکت کی۔
پنجاب اسمبلی میں وزیراعلیٰ کے اعتماد کے ووٹ کے معاملے پر سیاسی جماعتوں کے درمیان مشاورت کا سلسلہ جاری رہا۔ اپوزیشن رہنماؤں نے الزام عائد کیا کہ حکومت آئینی تقاضے پورے کرنے میں ناکام رہی ہے جبکہ حکومتی ارکان کا کہنا تھا کہ تمام فیصلے قانون کے مطابق کیے جا رہے ہیں اور اسمبلی کی تحلیل کے حوالے سے حتمی فیصلہ جلد سامنے آئے گا۔
محکمہ موسمیات کے مطابق ملک کے بیشتر علاقوں میں موسم سرد اور خشک رہے گا جبکہ بالائی علاقوں میں شدید سردی اور دھند کا امکان ہے۔ موٹروے پولیس نے شہریوں کو ہدایت کی ہے کہ دھند کے دوران غیر ضروری سفر سے گریز کریں اور گاڑیوں کی رفتار کم رکھیں تاکہ کسی حادثے سے بچا جا سکے۔
اسٹیٹ بینک کے مطابق زرمبادلہ کے ذخائر میں کمی کا رجحان برقرار ہے اور درآمدات کے لیے لیٹر آف کریڈٹ کھولنے میں مشکلات کا سامنا ہے۔ تاجر برادری نے حکومت سے مطالبہ کیا ہے کہ بندرگاہوں پر پھنسے کنٹینرز کی کلیئرنس کے لیے فوری اقدامات کیے جائیں تاکہ صنعتی پیداوار متاثر نہ ہو۔
الیکشن کمیشن نے صوبے میں بلدیاتی انتخابات کے دوسرے مرحلے کے نتائج کا اعلان کرتے ہوئے بتایا کہ کراچی اور حیدرآباد کے تمام اضلاع میں پولنگ کا عمل پُرامن طور پر مکمل ہوا اور ووٹوں کی گنتی کے بعد غیرسرکاری نتائج جاری کر دیے گئے ہیں۔ چیف الیکشن کمشنر نے امیدواروں سے اپیل کی کہ وہ نتائج کو تسلیم کریں اور کسی بھی شکایت کی صورت میں قانونی راستہ اختیار کریں۔
وزیراعظم نے کہا کہ حکومت ملک کو معاشی بحران سے نکالنے کے لیے تمام ممکنہ اقدامات کر رہی ہے اور عالمی مالیاتی ادارے کے ساتھ مذاکرات جاری ہیں۔ انہوں نے کہا کہ مہنگائی پر قابو پانا حکومت کی اولین ترجیح ہے اور عوام کو ریلیف دینے کے لیے نئی پالیسیاں متعارف کرائی جائیں گی۔ اجلاس میں وفاقی وزراء اور اعلیٰ حکام نے بھی شرکت کی۔
پنجاب اسمبلی میں وزیراعلیٰ کے اعتماد کے ووٹ کے معاملے پر سیاسی جماعتوں کے درمیان مشاورت کا سلسلہ جاری رہا۔ اپوزیشن رہنماؤں نے الزام عائد کیا کہ حکومت آئینی تقاضے پورے کرنے میں ناکام رہی ہے جبکہ حکومتی ارکان کا کہنا تھا کہ تمام فیصلے قانون کے مطابق کیے جا رہے ہیں اور اسمبلی کی تحلیل کے حوالے سے حتمی فیصلہ جلد سامنے آئے گا۔
محکمہ موسمیات کے مطابق ملک کے بیشتر علاقوں میں موسم سرد اور خشک رہے گا جبکہ بالائی علاقوں میں شدید سردی اور دھند کا امکان ہے۔ موٹروے پولیس نے شہریوں کو ہدایت کی ہے کہ دھند کے دوران غیر ضروری سفر سے گریز کریں اور گاڑیوں کی رفتار کم رکھیں تاکہ کسی حادثے سے بچا جا سکے۔
اسٹیٹ بینک کے مطابق زرمبادلہ کے ذخائر میں کمی کا رجحان برقرار ہے اور درآمدات کے لیے لیٹر آف کریڈٹ کھولنے میں مشکلات کا سامنا ہے۔ تاجر برادری نے حکومت سے مطالبہ کیا ہے کہ بندرگاہوں پر پھنسے کنٹینرز کی کلیئرنس کے لیے فوری اقدامات کیے جائیں تاکہ صنعتی پیداوار متاثر نہ ہو۔
الیکشن کمیشن نے صوبے میں بلدیاتی انتخابات کے دوسرے مرحلے کے نتائج کا اعلان کرتے ہوئے بتایا کہ کراچی اور حیدرآباد کے تمام اضلاع میں پولنگ کا عمل پُرامن طور پر مکمل ہوا اور ووٹوں کی گنتی کے بعد غیرسرکاری نتائج جاری کر دیے گئے ہیں۔ چیف الیکشن کمشنر نے امیدواروں سے اپیل کی کہ وہ نتائج کو تسلیم کریں اور کسی بھی شکایت کی صورت میں قانونی راستہ اختیار کریں۔
وزیراعظم نے کہا کہ حکومت ملک کو معاشی بحران سے نکالنے کے لیے تمام ممکنہ اقدامات کر رہی ہے اور عالمی مالیاتی ادارے کے ساتھ مذاکرات جاری ہیں۔ انہوں نے کہا کہ مہنگائی پر قابو پانا حکومت کی اولین ترجیح ہے اور عوام کو ریلیف دینے کے لیے نئی پالیسیاں متعارف کرائی جائیں گی۔ اجلاس میں وفاقی وزراء اور اعلیٰ حکام نے بھی شرکت کی۔
پنجاب اسمبلی میں وزیراعلیٰ کے اعتماد کے ووٹ کے معاملے پر سیاسی جماعتوں کے درمیان مشاورت کا سلسلہ جاری رہا۔ اپوزیشن رہنماؤں نے الزام عائد کیا کہ حکومت آئینی تقاضے پورے کرنے میں ناکام رہی ہے جبکہ حکومتی ارکان کا کہنا تھا کہ تمام فیصلے قانون کے مطابق کیے جا رہے ہیں اور اسمبلی کی تحلیل کے حوالے سے حتمی فیصلہ جلد سامنے آئے گا۔
محکمہ موسمیات کے مطابق ملک کے بیشتر علاقوں میں موسم سرد اور خشک رہے گا جبکہ بالائی علاقوں میں شدید سردی اور دھند کا امکان ہے۔ موٹروے پولیس نے شہریوں کو ہدایت کی ہے کہ دھند کے دوران غیر ضروری سفر سے گریز کریں اور گاڑیوں کی رفتار کم رکھیں تاکہ کسی حادثے سے بچا جا سکے۔
اسٹیٹ بینک کے مطابق زرمبادلہ کے ذخائر میں کمی کا رجحان برقرار ہے اور درآمدات کے لیے لیٹر آف کریڈٹ کھولنے میں مشکلات کا سامنا ہے۔ تاجر برادری نے حکومت سے مطالبہ کیا ہے کہ بندرگاہوں پر پھنسے کنٹینرز کی کلیئرنس کے لیے فوری اقدامات کیے جائیں تاکہ صنعتی پیداوار متاثر نہ ہو۔
الیکشن کمیشن نے صوبے میں بلدیاتی انتخابات کے دوسرے مرحلے کے نتائج کا اعلان کرتے ہوئے بتایا کہ کراچی اور حیدرآباد کے تمام اضلاع میں پولنگ کا عمل پُرامن طور پر مکمل ہوا اور ووٹوں کی گنتی کے بعد غیرسرکاری نتائج جاری کر دیے گئے ہیں۔ چیف الیکشن کمشنر نے امیدواروں سے اپیل کی کہ وہ نتائج کو تسلیم کریں اور کسی بھی شکایت کی صورت میں قانونی راستہ اختیار کریں۔
وزیراعظم نے کہا کہ حکومت ملک کو معاشی بحران سے نکالنے کے لیے تمام ممکنہ اقدامات کر رہی ہے اور عالمی مالیاتی ادارے کے ساتھ مذاکرات جاری ہیں۔ انہوں نے کہا کہ مہنگائی پر قابو پانا حکومت کی اولین ترجیح ہے اور عوام کو ریلیف دینے کے لیے نئی پالیسیاں متعارف کرائی جائیں گی۔ اجلاس میں وفاقی وزراء اور اعلیٰ حکام نے بھی شرکت کی۔
پنجاب اسمبلی میں وزیراعلیٰ کے اعتماد کے ووٹ کے معاملے پر سیاسی جماعتوں کے درمیان مشاورت کا سلسلہ جاری رہا۔ اپوزیشن رہنماؤں نے الزام عائد کیا کہ حکومت آئینی تقاضے پورے کرنے میں ناکام رہی ہے جبکہ حکومتی ارکان کا کہنا تھا کہ تمام فیصلے قانون کے مطابق کیے جا رہے ہیں اور اسمبلی کی تحلیل کے حوالے سے حتمی فیصلہ جلد سامنے آئے گا۔
جواب نمبر	26
محکمہ موسمیات کے مطابق ملک کے بیشتر علاقوں میں موسم سرد اور خشک رہے گا جبکہ بالائی علاقوں میں شدید سردی اور دھند کا امکان ہے۔ موٹروے پولیس نے شہریوں کو ہدایت کی ہے کہ دھند کے دوران غیر ضروری سفر سے گریز کریں اور گاڑیوں کی رفتار کم رکھیں تاکہ کسی حادثے سے بچا جا سکے۔
اسٹیٹ بینک کے مطابق زرمبادلہ کے ذخائر میں کمی کا رجحان برقرار ہے اور درآمدات کے لیے لیٹر آف کریڈٹ کھولنے میں مشکلات کا سامنا ہے۔ تاجر برادری نے حکومت سے مطالبہ کیا ہے کہ بندرگاہوں پر پھنسے کنٹینرز کی کلیئرنس کے لیے فوری اقدامات کیے جائیں تاکہ صنعتی پیداوار متاثر نہ ہو۔
الیکشن کمیشن نے صوبے میں بلدیاتی انتخابات کے دوسرے مرحلے کے نتائج کا اعلان کرتے ہوئے بتایا کہ کراچی اور حیدرآباد کے تمام اضلاع میں پولنگ کا عمل پُرامن طور پر مکمل ہوا اور ووٹوں کی گنتی کے بعد غیرسرکاری نتائج جاری کر دیے گئے ہیں۔ چیف الیکشن کمشنر نے امیدواروں سے اپیل کی کہ وہ نتائج کو تسلیم کریں اور کسی بھی شکایت کی صورت
جواب نمبر	27
الیکشن کمیشن نے صوبے میں بلدیاتی انتخابات کے دوسرے مرحلے کے نتائج کا اعلان کرتے ہوئے بتایا کہ کراچی اور حیدرآباد کے تمام اضلاع میں پولنگ کا عمل پُرامن طور پر مکمل ہوا اور ووٹوں کی گنتی کے بعد غیرسرکاری نتائج جاری کر دیے گئے ہیں۔ چیف الیکشن کمشنر نے امیدواروں سے اپیل کی کہ وہ نتائج کو تسلیم کریں اور کسی بھی شکایت کی صورت میں قانونی راستہ اختیار کریں۔
وزیراعظم نے کہا کہ حکومت ملک کو معاشی بحران سے نکالنے کے لیے تمام ممکنہ اقدامات کر رہی ہے اور عالمی مالیاتی ادارے کے ساتھ مذاکرات جاری ہیں۔ انہوں نے کہا کہ مہنگائی پر قابو پانا حکومت کی اولین ترجیح ہے اور عوام کو ریلیف دینے کے لیے نئی پالیسیاں متعارف کرائی جائیں گی۔ اجلاس میں وفاقی وزراء اور اعلیٰ حکام نے بھی شرکت کی۔
پنجاب اسمبلی میں وزیراعلیٰ کے اعتماد کے ووٹ کے معاملے پر سیاسی جماعتوں کے درمیان مشاورت کا سلسلہ جاری رہا۔ اپوزیشن رہنماؤں نے الزام عائد کیا کہ حکومت آئینی تقاضے پورے کرنے میں ناکام رہی ہے جبکہ حکومتی ارکان کا کہنا تھا کہ تمام فیصلے قانون کے مطابق کیے جا رہے ہیں اور اسمبلی کی تحلیل کے حوالے سے حتمی فیصلہ جلد سامنے آئے گا۔
محکمہ موسمیات کے مطابق ملک کے بیشتر علاقوں میں موسم سرد اور خشک رہے گا جبکہ بالائی علاقوں میں شدید سردی اور دھند کا امکان ہے۔ موٹروے پولیس نے شہریوں کو ہدایت کی ہے کہ دھند کے دوران غیر ضروری سفر سے گریز کریں اور گاڑیوں کی رفتار کم رکھیں تاکہ کسی حادثے سے بچا جا سکے۔
اسٹیٹ بینک کے مطابق زرمبادلہ کے ذخائر میں کمی کا رجحان برقرار ہے اور درآمدات کے لیے لیٹر آف کریڈٹ کھولنے میں مشکلات کا سامنا ہے۔ تاجر برادری نے حکومت سے مطالبہ کیا ہے کہ بندرگاہوں پر پھنسے کنٹینرز کی کلیئرنس کے لیے فوری اقدامات کیے جائیں تاکہ صنعتی پیداوار متاثر نہ ہو۔
الیکشن کمیشن نے صوبے میں بلدیاتی انتخابات کے دوسرے مرحلے کے نتائج کا اعلان کرتے ہوئے بتایا کہ کراچی اور حیدرآباد کے تمام اضلاع میں پولنگ کا عمل پُرامن طور پر مکمل ہوا اور ووٹوں کی گنتی کے بعد غیرسرکاری نتائج جاری کر دیے گئے ہیں۔ چیف الیکشن کمشنر نے امیدواروں سے اپیل کی کہ وہ نتائج کو تسلیم کریں اور کسی بھی شکایت کی صورت میں قانونی راستہ اختیار کریں۔
وزیراعظم نے کہا کہ حکومت ملک کو معاشی بحران سے نکالنے کے لیے تمام ممکنہ اقدامات کر رہی ہے اور عالمی مالیاتی ادارے کے ساتھ مذاکرات جاری ہیں۔ انہوں نے کہا کہ مہنگائی پر قابو پانا حکومت کی اولین ترجیح ہے اور عوام کو ریلیف دینے کے لیے نئی پالیسیاں متعارف کرائی جائیں گی۔ اجلاس میں وفاقی وزراء اور اعلیٰ حکام نے بھی شرکت کی۔
پنجاب اسمبلی میں وزیراعلیٰ کے اعتماد کے ووٹ کے معاملے پر سیاسی جماعتوں کے درمیان مشاورت کا سلسلہ جاری رہا۔ اپوزیشن رہنماؤں نے الزام عائد کیا کہ حکومت آئینی تقاضے پورے کرنے میں ناکام رہی ہے جبکہ حکومتی ارکان کا کہنا تھا کہ تمام فیصلے قانون کے مطابق کیے جا رہے ہیں اور اسمبلی کی تحلیل کے حوالے سے حتمی فیصلہ جلد سامنے آئے گا۔
محکمہ موسمیات کے مطابق ملک کے بیشتر علاقوں میں موسم سرد اور خشک رہے گا جبکہ بالائی علاقوں میں شدید سردی اور دھند کا امکان ہے۔ موٹروے پولیس نے شہریوں کو ہدایت کی ہے کہ دھند کے دوران غیر ضروری سفر سے گریز کریں اور گاڑیوں کی رفتار کم رکھیں تاکہ کسی حادثے سے بچا جا سکے۔
اسٹیٹ بینک کے مطابق زرمبادلہ کے ذخائر میں کمی کا رجحان برقرار ہے اور درآمدات کے لیے لیٹر آف کریڈٹ کھولنے میں مشکلات کا سامنا ہے۔ تاجر برادری نے حکومت سے مطالبہ کیا ہے کہ بندرگاہوں پر پھنسے کنٹینرز کی کلیئرنس کے لیے فوری اقدامات کیے جائیں تاکہ صنعتی پیداوار متاثر نہ ہو۔
جواب نمبر	28
الیکشن کمیشن نے صوبے میں بلدیاتی انتخابات کے دوسرے مرحلے کے نتائج کا اعلان کرتے ہوئے بتایا کہ کراچی اور حیدرآباد کے تمام اضلاع میں پولنگ کا عمل پُرامن طور پر مکمل ہوا اور ووٹوں کی گنتی کے بعد غیرسرکاری نتائج جاری کر دیے گئے ہیں۔ چیف الیکشن کمشنر نے امیدواروں سے اپیل کی کہ وہ نتائج کو تسلیم کریں اور کسی بھی شکایت کی صورت میں قانونی راستہ اختیار کریں۔
وزیراعظم نے کہا کہ حکومت ملک کو معاشی بحران سے نکالنے کے لیے تمام ممکنہ اقدامات کر رہی ہے اور عالمی مالیاتی ادارے کے ساتھ مذاکرات جاری ہیں۔ انہوں نے کہا کہ مہنگائی پر قابو پانا حکومت کی اولین ترجیح ہے اور عوام کو ریلیف دینے کے لیے نئی پالیسیاں متعارف کرائی جائیں گی۔ اجلاس میں وفاقی وزراء اور اعلیٰ حکام نے بھی شرکت کی۔
پنجاب اسمبلی میں وزیراعلیٰ کے اعتماد کے ووٹ کے معاملے پر سیاسی جماعتوں کے درمیان مشاورت کا سلسلہ جاری رہا۔ اپوزیشن رہنماؤں نے الزام عائد کیا کہ حکومت آئینی تقاضے پورے کرنے میں ناکام رہی ہے جبکہ حکومتی ارکان کا کہنا تھا کہ تمام فیصلے قانون کے مطابق کیے جا رہے ہیں اور اسمبلی کی تحلیل کے حوالے سے حتمی فیصلہ جلد سامنے آئے گا۔
محکمہ موسمیات کے مطابق ملک کے بیشتر علاقوں میں موسم سرد اور خشک رہے گا جبکہ بالائی علاقوں میں شدید سردی اور دھند کا امکان ہے۔ موٹروے پولیس نے شہریوں کو ہدایت کی ہے کہ دھند کے دوران غیر ضروری سفر سے گریز کریں اور گاڑیوں کی رفتار کم رکھیں تاکہ کسی حادثے سے بچا جا سکے۔
اسٹیٹ بینک کے مطابق زرمبادلہ کے ذخائر میں کمی کا رجحان برقرار ہے اور درآمدات کے لیے لیٹر آف کریڈٹ کھولنے میں مشکلات کا سامنا ہے۔ تاجر برادری نے حکومت سے مطالبہ کیا ہے کہ بندرگاہوں پر پھنسے کنٹینرز کی کلیئرنس کے لیے فوری اقدامات کیے جائیں تاکہ صنعتی پیداوار متاثر نہ ہو۔
الیکشن کمیشن نے صوبے میں بلدیاتی انتخابات کے دوسرے مرحلے کے نتائج کا اعلان کرتے ہوئے بتایا کہ کراچی اور حیدرآباد کے تمام اضلاع میں پولنگ کا عمل پُرامن طور پر مکمل ہوا اور ووٹوں کی گنتی کے بعد غیرسرکاری نتائج جاری کر دیے گئے ہیں۔ چیف الیکشن کمشنر نے امیدواروں سے اپیل کی کہ وہ نتائج کو تسلیم کریں اور کسی بھی شکایت کی صورت میں قانونی راستہ اختیار کریں۔
وزیراعظم نے کہا کہ حکومت ملک کو معاشی بحران سے نکالنے کے لیے تمام ممکنہ اقدامات کر رہی ہے اور عالمی مالیاتی ادارے کے ساتھ مذاکرات جاری ہیں۔ انہوں نے کہا کہ مہنگائی پر قابو پانا حکومت کی اولین ترجیح ہے اور عوام کو ریلیف دینے کے لیے نئی پالیسیاں متعارف کرائی جائیں گی۔ اجلاس میں وفاقی وزراء اور اعلیٰ حکام نے بھی شرکت کی۔
پنجاب اسمبلی میں وزیراعلیٰ کے اعتماد کے ووٹ کے معاملے پر سیاسی جماعتوں کے درمیان مشاورت کا سلسلہ جاری رہا۔ اپوزیشن رہنماؤں نے الزام عائد کیا کہ حکومت آئینی تقاضے پورے کرنے میں ناکام رہی ہے جبکہ حکومتی ارکان کا کہنا تھا کہ تمام فیصلے قانون کے مطابق کیے جا رہے ہیں اور اسمبلی کی تحلیل کے حوالے سے حتمی فیصلہ جلد سامنے آئے گا۔
جواب نمبر	29
محکمہ موسمیات کے مطابق ملک کے بیشتر علاقوں میں موسم سرد اور خشک رہے گا جبکہ بالائی علاقوں میں شدید سردی اور دھند کا امکان ہے۔ موٹروے پولیس نے شہریوں کو ہدایت کی ہے کہ دھند کے دوران غیر ضروری سفر سے گریز کریں اور گاڑیوں کی رفتار کم رکھیں تاکہ کسی حادثے سے بچا جا سکے۔
اسٹیٹ بینک کے مطابق زرمبادلہ کے ذخائر میں کمی کا رجحان برقرار ہے اور درآمدات کے لیے لیٹر آف کریڈٹ کھولنے میں مشکلات کا سامنا ہے۔ تاجر برادری نے حکومت سے مطالبہ کیا ہے کہ بندرگاہوں پر پھنسے کنٹینرز کی کلیئرنس کے لیے فوری اقدامات کیے جائیں تاکہ صنعتی پیداوار متاثر نہ ہو۔
الیکشن کمیشن نے صوبے میں بلدیاتی انتخابات کے دوسرے مرحلے کے نتائج کا اعلان کرتے ہوئے بتایا کہ کراچی اور حیدرآباد کے تمام اضلاع میں پولنگ کا عمل پُرامن طور پر مکمل ہوا اور ووٹوں کی گنتی کے بعد غیرسرکاری نتائج جاری کر دیے گئے ہیں۔ چیف الیکشن کمشنر نے امیدواروں سے اپیل کی کہ وہ نتائج کو تسلیم کریں اور کسی بھی شکایت کی صورت میں قانونی راستہ اختیار کریں۔
وزیراعظم نے کہا کہ حکومت ملک کو معاشی بحران سے نکالنے کے لیے تمام ممکنہ اقدامات کر رہی ہے اور عالمی مالیاتی ادارے کے ساتھ مذاکرات جاری ہیں۔ انہوں نے کہا کہ مہنگائی پر قابو پانا حکومت کی اولین ترجیح ہے اور عوام کو ریلیف دینے کے لیے نئی پالیسیاں متعارف کرائی جائیں گی۔ اجلاس میں وفاقی وزراء اور اعلیٰ حکام نے بھی شرکت کی۔
پنجاب اسمبلی میں وزیراعلیٰ کے اعتماد کے ووٹ کے معاملے پر سیاسی جماعتوں کے درمیان مشاورت کا سلسلہ جاری رہا۔ اپوزیشن رہنماؤں نے الزام عائد کیا کہ حکومت آئینی تقاضے پورے کرنے میں ناکام رہی ہے جبکہ حکومتی ارکان کا کہنا تھا کہ تمام فیصلے قانون کے مطابق کیے جا رہے ہیں اور اسمبلی کی تحلیل کے حوالے سے حتمی فیصلہ جلد سامنے آئے گا۔
محکمہ موسمیات کے مطابق ملک کے بیشتر علاقوں میں موسم سرد اور خشک رہے گا جبکہ بالائی علاقوں میں شدید سردی اور دھند کا امکان ہے۔ موٹروے پولیس نے شہریوں کو ہدایت کی ہے کہ دھند کے دوران غیر ضروری سفر سے گریز کریں اور گاڑیوں کی رفتار کم رکھیں تاکہ کسی حادثے سے بچا جا سکے۔
اسٹیٹ بینک کے مطابق زرمبادلہ کے ذخائر میں کمی کا رجحان برقرار ہے اور درآمدات کے لیے لیٹر آف کریڈٹ کھولنے میں مشکلات کا سامنا ہے۔ تاجر برادری نے حکومت سے مطالبہ کیا ہے کہ بندرگاہوں پر پھنسے کنٹینرز کی کلیئرنس کے لیے فوری اقدامات کیے جائیں تاکہ صنعتی پیداوار متاثر نہ ہو۔
جواب نمبر	30
الیکشن کمیشن نے صوبے میں بلدیاتی انتخابات کے دوسرے مرحلے کے نتائج کا اعلان کرتے ہوئے بتایا کہ کراچی اور حیدرآباد کے تمام اضلاع میں پولنگ کا عمل پُرامن طور پر مکمل ہوا اور ووٹوں کی گنتی کے بعد غیرسرکاری نتائج جاری کر دیے گئے ہیں۔ چیف الیکشن کمشنر نے امیدواروں سے اپیل کی کہ وہ نتائج کو تسلیم کریں اور کسی بھی شکایت کی صورت میں قانونی راستہ اختیار کریں۔
وزیراعظم نے کہا کہ حکومت ملک کو معاشی بحران سے نکالنے کے لیے تمام ممکنہ اقدامات کر رہی ہے اور عالمی مالیاتی ادارے کے ساتھ مذاکرات جاری ہیں۔ انہوں نے کہا کہ مہنگائی پر قابو پانا حکومت کی اولین ترجیح ہے اور عوام کو ریلیف دینے کے لیے نئی پالیسیاں متعارف کرائی جائیں گی۔ اجلاس میں وفاقی وزراء اور اعلیٰ حکام نے بھی شرکت کی۔
پنجاب اسمبلی میں وزیراعلیٰ کے اعتماد کے ووٹ کے معاملے پر سیاسی جماعتوں کے درمیان مشاورت کا سلسلہ جاری رہا۔ اپوزیشن رہنماؤں نے الزام عائد کیا کہ حکومت آئینی تقاضے پورے کرنے میں ناکام رہی ہے جبکہ حکومتی ارکان کا کہنا تھا کہ تمام فیصلے قانون کے مطابق کیے جا رہے ہیں اور اسمبلی کی تحلیل کے حوالے سے حتمی فیصلہ جلد سامنے آئے گا۔
محکمہ موسمیات کے مطابق ملک کے بیشتر علاقوں میں موسم سرد اور خشک رہے گا جبکہ بالائی علاقوں میں شدید سردی اور دھند کا امکان ہے۔ موٹروے پولیس نے شہریوں کو ہدایت کی ہے کہ دھند کے دوران غیر ضروری سفر سے گریز کریں اور گاڑیوں کی رفتار کم رکھیں تاکہ کسی حادثے سے بچا جا سکے۔
اسٹیٹ بینک کے مطابق زرمبادلہ کے ذخائر میں کمی کا رجحان برقرار ہے اور درآمدات کے لیے لیٹر آف کریڈٹ کھولنے میں مشکلات کا سامنا ہے۔ تاجر برادری نے حکومت سے مطالبہ کیا ہے کہ بندرگاہوں پر پھنسے کنٹینرز کی کلیئرنس کے لیے فوری اقدامات کیے جائیں تاکہ صنعتی پیداوار متاثر نہ ہو۔
الیکشن کمیشن نے صوبے میں بلدیاتی انتخابات کے دوسرے مرحلے کے نتائج کا اعلان کرتے ہوئے بتایا کہ کراچی اور حیدرآباد کے تمام اضلاع میں پولنگ کا عمل پُرامن طور پر مکمل ہوا اور ووٹوں کی گنتی کے بعد غیرسرکاری نتائج جاری کر دیے گئے ہیں۔ چیف الیکشن کمشنر نے امیدواروں سے اپیل کی کہ وہ نتائج کو تسلیم کریں اور کسی بھی شکایت کی صورت میں قانونی راستہ اختیار کریں۔
وزیراعظم نے کہا کہ حکومت ملک کو معاشی بحران سے نکالنے کے لیے تمام ممکنہ اقدامات کر رہی ہے اور عالمی مالیاتی ادارے کے ساتھ مذاکرات جاری ہیں۔ انہوں نے کہا کہ مہنگائی پر قابو پانا حکومت کی اولین ترجیح ہے اور عوام کو ریلیف دینے کے لیے نئی پالیسیاں متعارف کرائی جائیں گی۔ اجلاس میں وفاقی وزراء اور اعلیٰ حکام نے بھی شرکت کی۔
پنجاب اسمبلی میں وزیراعلیٰ کے اعتماد کے ووٹ کے معاملے پر سیاسی جماعتوں کے درمیان مشاورت کا سلسلہ جاری رہا۔ اپوزیشن رہنماؤں نے الزام عائد کیا کہ حکومت آئینی تقاضے پورے کرنے میں ناکام رہی ہے جبکہ حکومتی ارکان کا کہنا تھا کہ تمام فیصلے قانون کے مطابق کیے جا رہے ہیں اور اسمبلی کی تحلیل کے حوالے سے حتمی فیصلہ جلد سامنے آئے گا۔
محکمہ موسمیات کے مطابق ملک کے بیشتر علاقوں میں موسم سرد اور خشک رہے گا جبکہ بالائی علاقوں میں شدید سردی اور دھند کا امکان ہے۔ موٹروے پولیس نے شہریوں کو ہدایت کی ہے کہ دھند کے دوران غیر ضروری سفر سے گریز کریں اور گاڑیوں کی رفتار کم رکھیں تاکہ کسی حادثے سے بچا جا سکے۔
اسٹیٹ بینک کے مطابق زرمبادلہ کے ذخائر میں کمی کا رجحان برقرار ہے اور درآمدات کے لیے لیٹر آف کریڈٹ کھولنے میں مشکلات کا سامنا ہے۔ تاجر برادری نے حکومت سے مطالبہ کیا ہے کہ بندرگاہوں پر پھنسے کنٹینرز کی کلیئرنس کے لیے فوری اقدامات کیے جائیں تاکہ صنعتی پیداوار متاثر نہ ہو۔
الیکشن کمیشن نے صوبے میں بلدیاتی انتخابات کے دوسرے مرحلے کے نتائج کا اعلان کرتے ہوئے بتایا کہ کراچی اور حیدرآباد کے تمام اضلاع میں پولنگ کا عمل پُرامن طور پر مکمل ہوا اور ووٹوں کی گنتی کے بعد غیرسرکاری نتائج جاری کر دیے گئے ہیں۔ چیف الیکشن کمشنر نے امیدواروں سے اپیل کی کہ وہ نتائج کو تسلیم کریں اور کسی بھی شکایت کی صورت میں قانونی راستہ اختیار کریں۔
جواب نمبر	31
وزیراعظم نے کہا کہ حکومت ملک کو معاشی بحران سے نکالنے کے لیے تمام ممکنہ اقدامات کر رہی ہے اور عالمی مالیاتی ادارے کے ساتھ مذاکرات جاری ہیں۔ انہوں نے کہا کہ مہنگائی پر قابو پانا حکومت کی اولین ترجیح ہے اور عوام کو ریلیف دینے کے لیے نئی پالیسیاں متعارف کرائی جائیں گی۔ اجلاس میں وفاقی وزراء اور اعلیٰ حکام نے بھی شرکت کی۔
پنجاب اسمبلی میں وزیراعلیٰ کے اعتماد کے ووٹ کے معاملے پر سیاسی جماعتوں کے درمیان مشاورت کا سلسلہ جاری رہا۔ اپوزیشن رہنماؤں نے الزام عائد کیا کہ حکومت آئینی تقاضے پورے کرنے میں ناکام رہی ہے جبکہ حکومتی ارکان کا کہنا تھا کہ تمام فیصلے قانون کے مطابق کیے جا رہے ہیں اور اسمبلی کی تحلیل کے حوالے سے حتمی فیصلہ جلد سامنے آئے گا۔
محکمہ موسمیات کے مطابق ملک کے بیشتر علاقوں میں موسم سرد اور خشک رہے گا جبکہ بالائی علاقوں میں شدید سردی اور دھند کا امکان ہے۔ موٹروے پولیس نے شہریوں کو ہدایت کی ہے کہ دھند کے دوران غیر ضروری سفر سے گریز کریں اور گاڑیوں کی رفتار کم رکھیں تاکہ کسی حادثے سے بچا جا سکے۔
جواب نمبر	32
اسٹیٹ بینک کے مطابق زرمبادلہ کے ذخائر میں کمی کا رجحان برقرار ہے اور درآمدات کے لیے لیٹر آف کریڈٹ کھولنے میں مشکلات کا سامنا ہے۔ تاجر برادری نے حکومت سے مطالبہ کیا ہے کہ بندرگاہوں پر پھنسے کنٹینرز کی کلیئرنس کے لیے فوری اقدامات کیے جائیں تاکہ صنعتی پیداوار متاثر نہ ہو۔
الیکشن کمیشن نے صوبے میں بلدیاتی انتخابات کے دوسرے مرحلے کے نتائج کا اعلان کرتے ہوئے بتایا کہ کراچی اور حیدرآباد کے تمام اضلاع میں پولنگ کا عمل پُرامن طور پر مکمل ہوا اور ووٹوں کی گنتی کے بعد غیرسرکاری نتائج جاری کر دیے گئے ہیں۔ چیف الیکشن کمشنر نے امیدواروں سے اپیل کی کہ وہ نتائج کو تسلیم کریں اور کسی بھی شکایت کی صورت میں قانونی راستہ اختیار کریں۔
جواب نمبر	33
وزیراعظم نے کہا کہ حکومت ملک کو معاشی بحران سے نکالنے کے لیے تمام ممکنہ اقدامات کر رہی ہے اور عالمی مالیاتی ادارے کے ساتھ مذاکرات جاری ہیں۔ انہوں نے کہا کہ مہنگائی پر قابو پانا حکومت کی اولین ترجیح ہے اور عوام کو ریلیف دینے کے لیے نئی پالیسیاں متعارف کرائی جائیں گی۔ اجلاس میں وفاقی وزراء اور اعلیٰ حکام نے بھی شرکت کی۔
پنجاب اسمبلی میں وزیراعلیٰ کے اعتماد کے ووٹ کے معاملے پر سیاسی جماعتوں کے درمیان مشاورت کا سلسلہ جاری رہا۔ اپوزیشن رہنماؤں نے الزام عائد کیا کہ حکومت آئینی تقاضے پورے کرنے میں ناکام رہی ہے جبکہ حکومتی ارکان کا کہنا تھا کہ تمام فیصلے قانون کے مطابق کیے جا رہے ہیں اور اسمبلی کی تحلیل کے حوالے سے حتمی فیصلہ جلد سامنے آئے گا۔
جواب نمبر	34
وزیراعظم نے کہا کہ حکومت ملک کو معاشی بحران سے نکالنے کے لیے تمام ممکنہ اقدامات کر رہی ہے اور عالمی مالیاتی ادارے کے ساتھ مذاکرات جاری ہیں۔ انہوں نے کہا کہ مہنگائی پر قابو پانا حکومت کی اولین ترجیح ہے اور عوام کو ریلیف دینے کے لیے نئی پالیسیاں متعارف کرائی جائیں گی۔ اجلاس میں وفاقی وزراء اور اعلیٰ حکام نے بھی شرکت کی۔
جواب نمبر	35
پنجاب اسمبلی میں وزیراعلیٰ کے اعتماد کے ووٹ کے معاملے پر سیاسی جماعتوں کے درمیان مشاورت کا سلسلہ جاری رہا۔ اپوزیشن رہنماؤں نے الزام عائد کیا کہ حکومت آئینی تقاضے پورے کرنے میں ناکام رہی ہے جبکہ حکومتی ارکان کا کہنا تھا کہ تمام فیصلے قانون کے مطابق کیے جا رہے ہیں اور اسمبلی کی تحلیل کے حوالے سے حتمی فیصلہ جلد سامنے آئے گا۔
محکمہ موسمیات کے مطابق ملک کے بیشتر علاقوں میں موسم سرد اور خشک رہے گا جبکہ بالائی علاقوں میں شدید سردی اور دھند کا امکان ہے۔ موٹروے پولیس نے شہریوں کو ہدایت کی ہے کہ دھند کے دوران غیر ضروری سفر سے گریز کریں اور گاڑیوں کی رفتار کم رکھیں تاکہ کسی حادثے سے بچا جا سکے۔
اسٹیٹ بینک کے مطابق زرمبادلہ کے ذخائر میں کمی کا رجحان برقرار ہے اور درآمدات کے لیے لیٹر آف کریڈٹ کھولنے میں مشکلات کا سامنا ہے۔ تاجر برادری نے حکومت سے مطالبہ کیا ہے کہ بندرگاہوں پر پھنسے کنٹینرز کی کلیئرنس کے لیے فوری اقدامات کیے جائیں تاکہ صنعتی پیداوار متاثر نہ ہو۔
الیکشن کمیشن نے صوبے میں بلدیاتی انتخابات کے دوسرے مرحلے کے نتائج کا اعلان کرتے ہوئے بتایا کہ کراچی اور حیدرآباد کے تمام اضلاع میں پولنگ کا عمل پُرامن طور پر مکمل ہوا اور ووٹوں کی گنتی کے بعد غیرسرکاری نتائج جاری کر دیے گئے ہیں۔ چیف الیکشن کمشنر نے امیدواروں سے اپیل کی کہ وہ نتائج کو تسلیم کریں اور کسی بھی شکایت کی صورت میں قانونی راستہ اختیار کریں۔
وزیراعظم نے کہا کہ حکومت ملک کو معاشی بحران سے نکالنے کے لیے تمام ممکنہ اقدامات کر رہی ہے اور عالمی مالیاتی ادارے کے ساتھ مذاکرات جاری ہیں۔ انہوں نے کہا کہ مہنگائی پر قابو پانا حکومت کی اولین ترجیح ہے اور عوام کو ریلیف دینے کے لیے نئی پالیسیاں متعارف کرائی جائیں گی۔ اجلاس میں وفاقی وزراء اور اعلیٰ حکام نے بھی شرکت کی۔
پنجاب اسمبلی میں وزیراعلیٰ کے اعتماد کے ووٹ کے معاملے پر سیاسی جماعتوں کے درمیان مشاورت کا سلسلہ جاری رہا۔ اپوزیشن رہنماؤں نے الزام عائد کیا کہ حکومت آئینی تقاضے پورے کرنے میں ناکام رہی ہے جبکہ حکومتی ارکان کا کہنا تھا کہ تمام فیصلے قانون کے مطابق کیے جا رہے ہیں اور اسمبلی کی تحلیل کے حوالے سے حتمی فیصلہ جلد سامنے آئے گا۔
جواب نمبر	36
محکمہ موسمیات کے مطابق ملک کے بیشتر علاقوں میں موسم سرد اور خشک رہے گا جبکہ بالائی علاقوں میں شدید سردی اور دھند کا امکان ہے۔ موٹروے پولیس نے شہریوں کو ہدایت کی ہے کہ دھند کے دوران غیر ضروری سفر سے گریز کریں اور گاڑیوں کی رفتار کم رکھیں تاکہ کسی حادثے سے بچا جا سکے۔
اسٹیٹ بینک کے مطابق زرمبادلہ کے ذخائر میں کمی کا رجحان برقرار ہے اور درآمدات کے لیے لیٹر آف کریڈٹ کھولنے میں مشکلات کا سامنا ہے۔ تاجر برادری نے حکومت سے مطالبہ کیا ہے کہ بندرگاہوں پر پھنسے کنٹینرز کی کلیئرنس کے لیے فوری اقدامات کیے جائیں تاکہ صنعتی پیداوار متاثر نہ ہو۔
الیکشن کمیشن نے صوبے میں بلدیاتی انتخابات کے دوسرے مرحلے کے نتائج کا اعلان کرتے ہوئے بتایا کہ کراچی اور حیدرآباد کے تمام اضلاع میں پولنگ کا عمل پُرامن طور پر مکمل ہوا اور ووٹوں کی گنتی کے بعد غیرسرکاری نتائج جاری کر دیے گئے ہیں۔ چیف الیکشن کمشنر نے امیدواروں سے اپیل کی کہ وہ نتائج کو تسلیم کریں اور کسی بھی شکایت کی صورت میں قانونی راستہ اختیار کریں۔
وزیراعظم نے کہا کہ حکومت ملک کو معاشی بحران سے نکالنے کے لیے تمام ممکنہ اقدامات کر رہی ہے اور عالمی مالیاتی ادارے کے ساتھ مذاکرات جاری ہیں۔ انہوں نے کہا کہ مہنگائی پر قابو پانا حکومت کی اولین ترجیح ہے اور عوام کو ریلیف دینے کے لیے نئی پالیسیاں متعارف کرائی جائیں گی۔ اجلاس میں وفاقی وزراء اور اعلیٰ حکام نے بھی شرکت کی۔
جواب نمبر	37
پنجاب اسمبلی میں وزیراعلیٰ کے اعتماد کے ووٹ کے معاملے پر سیاسی جماعتوں کے درمیان مشاورت کا سلسلہ جاری رہا۔ اپوزیشن رہنماؤں نے الزام عائد کیا کہ حکومت آئینی تقاضے پورے کرنے میں ناکام رہی ہے جبکہ حکومتی ارکان کا کہنا تھا کہ تمام فیصلے قانون کے مطابق کیے جا رہے ہیں اور اسمبلی کی تحلیل کے حوالے سے حتمی فیصلہ جلد سامنے آئے گا۔
محکمہ موسمیات کے مطابق ملک کے بیشتر علاقوں میں موسم سرد اور خشک رہے گا جبکہ بالائی علاقوں میں شدید سردی اور دھند کا امکان ہے۔ موٹروے پولیس نے شہریوں کو ہدایت کی ہے کہ دھند کے دوران غیر ضروری سفر سے گریز کریں اور گاڑیوں کی رفتار کم رکھیں تاکہ کسی حادثے سے بچا جا سکے۔
اسٹیٹ بینک کے مطابق زرمبادلہ کے ذخائر میں کمی کا رجحان برقرار ہے اور درآمدات کے لیے لیٹر آف کریڈٹ کھولنے میں مشکلات کا سامنا ہے۔ تاجر برادری نے حکومت سے مطالبہ کیا ہے کہ بندرگاہوں پر پھنسے کنٹینرز کی کلیئرنس کے لیے فوری اقدامات کیے جائیں تاکہ صنعتی پیداوار متاثر نہ ہو۔
الیکشن کمیشن نے صوبے میں بلدیاتی انتخابات کے دوسرے مرحلے کے نتائج کا اعلان کرتے ہوئے بتایا کہ کراچی اور حیدرآباد کے تمام اضلاع میں پولنگ کا عمل پُرامن طور پر مکمل ہوا اور ووٹوں کی گنتی کے بعد غیرسرکاری نتائج جاری کر دیے گئے ہیں۔ چیف الیکشن کمشنر نے امیدواروں سے اپیل کی کہ وہ نتائج کو تسلیم کریں اور کسی بھی شکایت کی صورت میں قانونی راستہ اختیار کریں۔
وزیراعظم نے کہا کہ حکومت ملک کو معاشی بحران سے نکالنے کے لیے تمام ممکنہ اقدامات کر رہی ہے اور عالمی مالیاتی ادارے کے ساتھ مذاکرات جاری ہیں۔ انہوں نے کہا کہ مہنگائی پر قابو پانا حکومت کی اولین ترجیح ہے اور عوام کو ریلیف دینے کے لیے نئی پالیسیاں متعارف کرائی جائیں گی۔ اجلاس میں وفاقی وزراء اور اعلیٰ حکام نے بھی شرکت کی۔
پنجاب اسمبلی میں وزیراعلیٰ کے اعتماد کے ووٹ کے معاملے پر سیاسی جماعتوں کے درمیان مشاورت کا سلسلہ جاری رہا۔ اپوزیشن رہنماؤں نے الزام عائد کیا کہ حکومت آئینی تقاضے پورے کرنے میں ناکام رہی ہے جبکہ حکومتی ارکان کا کہنا تھا کہ تمام فیصلے قانون کے مطابق کیے جا رہے ہیں اور اسمبلی کی تحلیل کے حوالے سے حتمی فیصلہ جلد سامنے آئے گا۔
محکمہ موسمیات کے مطابق ملک کے بیشتر علاقوں میں موسم سرد اور خشک رہے گا جبکہ بالائی علاقوں میں شدید سردی اور دھند کا امکان ہے۔ موٹروے پولیس نے شہریوں کو ہدایت کی ہے کہ دھند کے دوران غیر ضروری سفر سے گریز کریں اور گاڑیوں کی رفتار کم رکھیں تاکہ کسی حادثے سے بچا جا سکے۔
اسٹیٹ بینک کے مطابق زرمبادلہ کے ذخائر میں کمی کا رجحان برقرار ہے اور درآمدات کے لیے لیٹر آف کریڈٹ کھولنے میں مشکلات کا سامنا ہے۔ تاجر برادری نے حکومت سے مطالبہ کیا ہے کہ بندرگاہوں پر پھنسے کنٹینرز کی کلیئرنس کے لیے فوری اقدامات کیے جائیں تاکہ صنعتی پیداوار متاثر نہ ہو۔
الیکشن کمیشن نے صوبے میں بلدیاتی انتخابات کے دوسرے مرحلے کے نتائج کا اعلان کرتے ہوئے بتایا کہ کراچی اور حیدرآباد کے تمام اضلاع میں پولنگ کا عمل پُرامن طور پر مکمل ہوا اور ووٹوں کی گنتی کے بعد غیرسرکاری نتائج جاری کر دیے گئے ہیں۔ چیف الیکشن کمشنر نے امیدواروں سے اپیل کی کہ وہ نتائج کو تسلیم کریں اور کسی بھی شکایت کی صورت میں قانونی راستہ اختیار کریں۔
وزیراعظم نے کہا کہ حکومت ملک کو معاشی بحران سے نکالنے کے لیے تمام ممکنہ اقدامات کر رہی ہے اور عالمی مالیاتی ادارے کے ساتھ مذاکرات جاری ہیں۔ انہوں نے کہا کہ مہنگائی پر قابو پانا حکومت کی اولین ترجیح ہے اور عوام کو ریلیف دینے کے لیے نئی پالیسیاں متعارف کرائی جائیں گی۔ اجلاس میں وفاقی وزراء اور اعلیٰ حکام نے بھی شرکت کی۔
پنجاب اسمبلی میں وزیراعلیٰ کے اعتماد کے ووٹ کے معاملے پر سیاسی جماعتوں کے درمیان مشاورت کا سلسلہ جاری رہا۔ اپوزیشن رہنماؤں نے الزام عائد کیا کہ حکومت آئینی تقاضے پورے کرنے میں ناکام رہی ہے جبکہ حکومتی ارکان کا کہنا تھا کہ تمام فیصلے قانون کے مطابق کیے جا رہے ہیں اور اسمبلی کی تحلیل کے حوالے سے حتمی فیصلہ جلد سامنے آئے گا۔
محکمہ موسمیات کے مطابق ملک کے بیشتر علاقوں میں موسم سرد اور خشک رہے گا جبکہ بالائی علاقوں میں شدید سردی اور دھند کا امکان ہے۔ موٹروے پولیس نے شہریوں کو ہدایت کی ہے کہ دھند کے دوران غیر ضروری سفر سے گریز کریں اور گاڑیوں کی رفتار کم رکھیں تاکہ کسی حادثے سے بچا جا سکے۔
اسٹیٹ بینک کے مطابق زرمبادلہ کے ذخائر میں کمی کا رجحان برقرار ہے اور درآمدات کے لیے لیٹر آف کریڈٹ کھولنے میں مشکلات کا سامنا ہے۔ تاجر برادری نے حکومت سے مطالبہ کیا ہے کہ بندرگاہوں پر پھنسے کنٹینرز کی کلیئرنس کے لیے فوری اقدامات کیے جائیں تاکہ صنعتی پیداوار متاثر نہ ہو۔
الیکشن کمیشن نے صوبے میں بلدیاتی انتخابات کے دوسرے مرحلے کے نتائج کا اعلان کرتے ہوئے بتایا کہ کراچی اور حیدرآباد کے تمام اضلاع میں پولنگ کا عمل پُرامن طور پر مکمل ہوا اور ووٹوں کی گنتی کے بعد غیرسرکاری نتائج جاری کر دیے گئے ہیں۔ چیف الیکشن کمشنر نے امیدواروں سے اپیل کی کہ وہ نتائج کو تسلیم کریں اور کسی بھی شکایت کی صورت میں قانونی راستہ اختیار کریں۔
جواب نمبر	38
وزیراعظم نے کہا کہ حکومت ملک کو معاشی بحران سے نکالنے کے لیے تمام ممکنہ اقدامات کر رہی ہے اور عالمی مالیاتی ادارے کے ساتھ مذاکرات جاری ہیں۔ انہوں نے کہا کہ مہنگائی پر قابو پانا حکومت کی اولین ترجیح ہے اور عوام کو ریلیف دینے کے لیے نئی پالیسیاں متعارف کرائی جائیں گی۔ اجلاس میں وفاقی وزراء اور اعلیٰ حکام نے بھی شرکت کی۔
پنجاب اسمبلی میں وزیراعلیٰ کے اعتماد کے ووٹ کے معاملے پر سیاسی جماعتوں کے درمیان مشاورت کا سلسلہ جاری رہا۔ اپوزیشن رہنماؤں نے الزام عائد کیا کہ حکومت آئینی تقاضے پورے کرنے میں ناکام رہی ہے جبکہ حکومتی ارکان کا کہنا تھا کہ تمام فیصلے قانون کے مطابق کیے جا رہے ہیں اور اسمبلی کی تحلیل کے حوالے سے حتمی فیصلہ جلد سامنے آئے گا۔
محکمہ موسمیات کے مطابق ملک کے بیشتر علاقوں میں موسم سرد اور خشک رہے گا جبکہ بالائی علاقوں میں شدید سردی اور دھند کا امکان ہے۔ موٹروے پولیس نے شہریوں کو ہدایت کی ہے کہ دھند کے دوران غیر ضروری سفر سے گریز کریں اور گاڑیوں کی رفتار کم رکھیں تاکہ کسی حادثے سے بچا جا سکے۔
اسٹیٹ بینک کے مطابق زرمبادلہ کے ذخائر میں کمی کا رجحان برقرار ہے اور درآمدات کے لیے لیٹر آف کریڈٹ کھولنے میں مشکلات کا سامنا ہے۔ تاجر برادری نے حکومت سے مطالبہ کیا ہے کہ بندرگاہوں پر پھنسے کنٹینرز کی کلیئرنس کے لیے فوری اقدامات کیے جائیں تاکہ صنعتی پیداوار متاثر نہ ہو۔
الیکشن کمیشن نے صوبے میں بلدیاتی انتخابات کے دوسرے مرحلے کے نتائج کا اعلان کرتے ہوئے بتایا کہ کراچی اور حیدرآباد کے تمام اضلاع میں پولنگ کا عمل پُرامن طور پر مکمل ہوا اور ووٹوں کی گنتی کے بعد غیرسرکاری نتائج جاری کر دیے گئے ہیں۔ چیف الیکشن کمشنر نے امیدواروں سے اپیل کی کہ وہ نتائج کو تسلیم کریں اور کسی بھی شکایت کی صورت میں قانونی راستہ اختیار کریں۔
وزیراعظم نے کہا کہ حکومت ملک کو معاشی بحران سے نکالنے کے لیے تمام ممکنہ اقدامات کر رہی ہے اور عالمی مالیاتی ادارے کے ساتھ مذاکرات جاری ہیں۔ انہوں نے کہا کہ مہنگائی پر قابو پانا حکومت کی اولین ترجیح ہے اور عوام کو ریلیف دینے کے لیے نئی پالیسیاں متعارف کرائی جائیں گی۔ اجلاس میں وفاقی وزراء اور اعلیٰ حکام نے بھی شرکت کی۔
پنجاب اسمبلی میں وزیراعلیٰ کے اعتماد کے ووٹ کے معاملے پر سیاسی جماعتوں کے درمیان مشاورت کا سلسلہ جاری رہا۔ اپوزیشن رہنماؤں نے الزام عائد کیا کہ حکومت آئینی تقاضے پورے کرنے میں ناکام رہی ہے جبکہ حکومتی ارکان کا کہنا تھا کہ تمام فیصلے قانون کے مطابق کیے جا رہے ہیں اور اسمبلی کی تحلیل کے حوالے سے حتمی فیصلہ جلد سامنے آئے گا۔
محکمہ موسمیات کے مطابق ملک کے بیشتر علاقوں میں موسم سرد اور خشک رہے گا جبکہ بالائی علاقوں میں شدید سردی اور دھند کا امکان ہے۔ موٹروے پولیس نے شہریوں کو ہدایت کی ہے کہ دھند کے دوران غیر ضروری سفر سے گریز کریں اور گاڑیوں کی رفتار کم رکھیں تاکہ کسی حادثے سے بچا جا سکے۔
جواب نمبر	39
اسٹیٹ بینک کے مطابق زرمبادلہ کے ذخائر میں کمی کا رجحان برقرار ہے اور درآمدات کے لیے لیٹر آف کریڈٹ کھولنے میں مشکلات کا سامنا ہے۔ تاجر برادری نے حکومت سے مطالبہ کیا ہے کہ بندرگاہوں پر پھنسے کنٹینرز کی کلیئرنس کے لیے فوری اقدامات کیے جائیں تاکہ صنعتی پیداوار متاثر نہ ہو۔
الیکشن کمیشن نے صوبے میں بلدیاتی انتخابات کے دوسرے مرحلے کے نتائج کا اعلان کرتے ہوئے بتایا کہ کراچی اور حیدرآباد کے تمام اضلاع میں پولنگ کا عمل پُرامن طور پر مکمل ہوا اور ووٹوں کی گنتی کے بعد غیرسرکاری نتائج جاری کر دیے گئے ہیں۔ چیف الیکشن کمشنر نے امیدواروں سے اپیل کی کہ وہ نتائج کو تسلیم کریں اور کسی بھی شکایت کی صورت میں قانونی راستہ اختیار کریں۔
وزیراعظم نے کہا کہ حکومت ملک کو معاشی بحران سے نکالنے کے لیے تمام ممکنہ اقدامات کر رہی ہے اور عالمی مالیاتی ادارے کے ساتھ مذاکرات جاری ہیں۔ انہوں نے کہا کہ مہنگائی پر قابو پانا حکومت کی اولین ترجیح ہے اور عوام کو ریلیف دینے کے لیے نئی پالیسیاں متعارف کرائی جائیں گی۔ اجلاس میں وفاقی وزراء اور اعلیٰ حکام نے بھی شرکت کی۔
پنجاب اسمبلی میں وزیراعلیٰ کے اعتماد کے ووٹ کے معاملے پر سیاسی جماعتوں کے درمیان مشاورت کا سلسلہ جاری رہا۔ اپوزیشن رہنماؤں نے الزام عائد کیا کہ حکومت آئینی تقاضے پورے کرنے میں ناکام رہی ہے جبکہ حکومتی ارکان کا کہنا تھا کہ تمام فیصلے قانون کے مطابق کیے جا رہے ہیں اور اسمبلی کی تحلیل کے حوالے سے حتمی فیصلہ جلد سامنے آئے گا۔
محکمہ موسمیات کے مطابق ملک کے بیشتر علاقوں میں موسم سرد اور خشک رہے گا جبکہ بالائی علاقوں میں شدید سردی اور دھند کا امکان ہے۔ موٹروے پولیس نے شہریوں کو ہدایت کی ہے کہ دھند کے دوران غیر ضروری سفر سے گریز کریں اور گاڑیوں کی رفتار کم رکھیں تاکہ کسی حادثے سے بچا جا سکے۔
اسٹیٹ بینک کے مطابق زرمبادلہ کے ذخائر میں کمی کا رجحان برقرار ہے اور درآمدات کے لیے لیٹر آف کریڈٹ کھولنے میں مشکلات کا سامنا ہے۔ تاجر برادری نے حکومت سے مطالبہ کیا ہے کہ بندرگاہوں پر پھنسے کنٹینرز کی کلیئرنس کے لیے فوری اقدامات کیے جائیں تاکہ صنعتی پیداوار متاثر نہ ہو۔
الیکشن کمیشن نے صوبے میں بلدیاتی انتخابات کے دوسرے مرحلے کے نتائج کا اعلان کرتے ہوئے بتایا کہ کراچی اور حیدرآباد کے تمام اضلاع میں پولنگ کا عمل پُرامن طور پر مکمل ہوا اور ووٹوں کی گنتی کے بعد غیرسرکاری نتائج جاری کر دیے گئے ہیں۔ چیف الیکشن کمشنر نے امیدواروں سے اپیل کی کہ وہ نتائج کو تسلیم کریں اور کسی بھی شکایت کی صورت میں قانونی راستہ اختیار کریں۔
جواب نمبر	40
پنجاب اسمبلی میں وزیراعلیٰ کے اعتماد کے ووٹ کے معاملے پر سیاسی جماعتوں کے درمیان مشاورت کا سلسلہ جاری رہا۔ اپوزیشن رہنماؤں نے الزام عائد کیا کہ حکومت آئینی تقاضے پورے کرنے میں ناکام رہی ہے جبکہ حکومتی ارکان کا کہنا تھا کہ تمام فیصلے قانون کے مطابق کیے جا رہے ہیں اور اسمبلی کی تحلیل کے حوالے سے حتمی فیصلہ جلد سامنے آئے گا۔
محکمہ موسمیات کے مطابق ملک کے بیشتر علاقوں میں موسم سرد اور خشک رہے گا جبکہ بالائی علاقوں میں شدید سردی اور دھند کا امکان ہے۔ موٹروے پولیس نے شہریوں کو ہدایت کی ہے کہ دھند کے دوران غیر ضروری سفر سے گریز کریں اور گاڑیوں کی رفتار کم رکھیں تاکہ کسی حادثے سے بچا جا سکے۔
اسٹیٹ بینک کے مطابق زرمبادلہ کے ذخائر میں کمی کا رجحان برقرار ہے اور درآمدات کے لیے لیٹر آف کریڈٹ کھولنے میں مشکلات کا سامنا ہے۔ تاجر برادری نے حکومت سے مطالبہ کیا ہے کہ بندرگاہوں پر پھنسے کنٹینرز کی کلیئرنس کے لیے فوری اقدامات کیے جائیں تاکہ صنعتی پیداوار متاثر نہ ہو۔
جواب نمبر	41
الیکشن کمیشن نے صوبے میں بلدیاتی انتخابات کے دوسرے مرحلے کے نتائج کا اعلان کرتے ہوئے بتایا کہ کراچی اور حیدرآباد کے تمام اضلاع میں پولنگ کا عمل پُرامن طور پر مکمل ہوا اور ووٹوں کی گنتی کے بعد غیرسرکاری نتائج جاری کر دیے گئے ہیں۔ چیف الیکشن کمشنر نے امیدواروں سے اپیل کی کہ وہ نتائج کو تسلیم کریں اور کسی بھی شکایت کی صورت میں قانونی راستہ اختیار کریں۔
وزیراعظم نے کہا کہ حکومت ملک کو معاشی بحران سے نکالنے کے لیے تمام ممکنہ اقدامات کر رہی ہے اور عالمی مالیاتی ادارے کے ساتھ مذاکرات جاری ہیں۔ انہوں نے کہا کہ مہنگائی پر قابو پانا حکومت کی اولین ترجیح ہے اور عوام کو ریلیف دینے کے لیے نئی پالیسیاں متعارف کرائی جائیں گی۔ اجلاس میں وفاقی وزراء اور اعلیٰ حکام نے بھی شرکت کی۔
پنجاب اسمبلی میں وزیراعلیٰ کے اعتماد کے ووٹ کے معاملے پر سیاسی جماعتوں کے درمیان مشاورت کا سلسلہ جاری رہا۔ اپوزیشن رہنماؤں نے الزام عائد کیا کہ حکومت آئینی تقاضے پورے کرنے میں ناکام رہی ہے جبکہ حکومتی ارکان کا کہنا تھا کہ تمام فیصلے قانون کے مطابق کیے جا رہے ہیں اور اسمبلی کی تحلیل کے حوالے سے حتمی فیصلہ جلد سامنے آئے گا۔
محکمہ موسمیات کے مطابق ملک کے بیشتر علاقوں میں موسم سرد اور خشک رہے گا جبکہ بالائی علاقوں میں شدید سردی اور دھند کا امکان ہے۔ موٹروے پولیس نے شہریوں کو ہدایت کی ہے کہ دھند کے دوران غیر ضروری سفر سے گریز کریں اور گاڑیوں کی رفتار کم رکھیں تاکہ کسی حادثے سے بچا جا سکے۔
اسٹیٹ بینک کے مطابق زرمبادلہ کے ذخائر میں کمی کا رجحان برقرار ہے اور درآمدات کے لیے لیٹر آف کریڈٹ کھولنے میں مشکلات کا سامنا ہے۔ تاجر برادری نے حکومت سے مطالبہ کیا ہے کہ بندرگاہوں پر پھنسے کنٹینرز کی کلیئرنس کے لیے فوری اقدامات کیے جائیں تاکہ صنعتی پیداوار متاثر نہ ہو۔
الیکشن کمیشن نے صوبے میں بلدیاتی انتخابات کے دوسرے مرحلے کے نتائج کا اعلان کرتے ہوئے بتایا کہ کراچی اور حیدرآباد کے تمام اضلاع میں پولنگ کا عمل پُرامن طور پر مکمل ہوا اور ووٹوں کی گنتی کے بعد غیرسرکاری نتائج جاری کر دیے گئے ہیں۔ چیف الیکشن کمشنر نے امیدواروں سے اپیل کی کہ وہ نتائج کو تسلیم کریں اور کسی بھی شکایت کی صورت میں قانونی راستہ اختیار کریں۔
جواب نمبر	42
وزیراعظم نے کہا کہ حکومت ملک کو معاشی بحران سے نکالنے کے لیے تمام ممکنہ اقدامات کر رہی ہے اور عالمی مالیاتی ادارے کے ساتھ مذاکرات جاری ہیں۔ انہوں نے کہا کہ مہنگائی پر قابو پانا حکومت کی اولین ترجیح ہے اور عوام کو ریلیف دینے کے لیے نئی پالیسیاں متعارف کرائی جائیں گی۔ اجلاس میں وفاقی وزراء اور اعلیٰ حکام نے بھی شرکت کی۔
پنجاب اسمبلی میں وزیراعلیٰ کے اعتماد کے ووٹ کے معاملے پر سیاسی جماعتوں کے درمیان مشاورت کا سلسلہ جاری رہا۔ اپوزیشن رہنماؤں نے الزام عائد کیا کہ حکومت آئینی تقاضے پورے کرنے میں ناکام رہی ہے جبکہ حکومتی ارکان کا کہنا تھا کہ تمام فیصلے قانون کے مطابق کیے جا رہے ہیں اور اسمبلی کی تحلیل کے حوالے سے حتمی فیصلہ جلد سامنے آئے گا۔
محکمہ موسمیات کے مطابق ملک کے بیشتر علاقوں میں موسم سرد اور خشک رہے گا جبکہ بالائی علاقوں میں شدید سردی اور دھند کا امکان ہے۔ موٹروے پولیس نے شہریوں کو ہدایت کی ہے کہ دھند کے دوران غیر ضروری سفر سے گریز کریں اور گاڑیوں کی رفتار کم رکھیں تاکہ کسی حادثے سے بچا جا سکے۔
اسٹیٹ بینک کے مطابق زرمبادلہ کے ذخائر میں کمی کا رجحان برقرار ہے اور درآمدات کے لیے لیٹر آف کریڈٹ کھولنے میں مشکلات کا سامنا ہے۔ تاجر برادری نے حکومت سے مطالبہ کیا ہے کہ بندرگاہوں پر پھنسے کنٹینرز کی کلیئرنس کے لیے فوری اقدامات کیے جائیں تاکہ صنعتی پیداوار متاثر نہ ہو۔
الیکشن کمیشن نے صوبے میں بلدیاتی انتخابات کے دوسرے مرحلے کے نتائج کا اعلان کرتے ہوئے بتایا کہ کراچی اور حیدرآباد کے تمام اضلاع میں پولنگ کا عمل پُرامن طور پر مکمل ہوا اور ووٹوں کی گنتی کے بعد غیرسرکاری نتائج جاری کر دیے گئے ہیں۔ چیف الیکشن کمشنر نے امیدواروں سے اپیل کی کہ وہ نتائج کو تسلیم کریں اور کسی بھی شکایت کی صورت میں قانونی راستہ اختیار کریں۔
وزیراعظم نے کہا کہ حکومت ملک کو معاشی بحران سے نکالنے کے لیے تمام ممکنہ اقدامات کر رہی ہے اور عالمی مالیاتی ادارے کے ساتھ مذاکرات جاری ہیں۔ انہوں نے کہا کہ مہنگائی پر قابو پانا حکومت کی اولین ترجیح ہے اور عوام کو ریلیف دینے کے لیے نئی پالیسیاں متعارف کرائی جائیں گی۔ اجلاس میں وفاقی وزراء اور اعلیٰ حکام نے بھی شرکت کی۔
پنجاب اسمبلی میں وزیراعلیٰ کے اعتماد کے ووٹ کے معاملے پر سیاسی جماعتوں کے درمیان مشاورت کا سلسلہ جاری رہا۔ اپوزیشن رہنماؤں نے الزام عائد کیا کہ حکومت آئینی تقاضے پورے کرنے میں ناکام رہی ہے جبکہ حکومتی ارکان کا کہنا تھا کہ تمام فیصلے قانون کے مطابق کیے جا رہے ہیں اور اسمبلی کی تحلیل کے حوالے سے حتمی فیصلہ جلد سامنے آئے گا۔
محکمہ موسمیات کے مطابق ملک کے بیشتر علاقوں میں موسم سرد اور خشک رہے گا جبکہ بالائی علاقوں میں شدید سردی اور دھند کا امکان ہے۔ موٹروے پولیس نے شہریوں کو ہدایت کی ہے کہ دھند کے دوران غیر ضروری سفر سے گریز کریں اور گاڑیوں کی رفتار کم رکھیں تاکہ کسی حادثے سے بچا جا سکے۔
اسٹیٹ بینک کے مطابق زرمبادلہ کے ذخائر میں کمی کا رجحان برقرار ہے اور درآمدات کے لیے لیٹر آف کریڈٹ کھولنے میں مشکلات کا سامنا ہے۔ تاجر برادری نے حکومت سے مطالبہ کیا ہے کہ بندرگاہوں پر پھنسے کنٹینرز کی کلیئرنس کے لیے فوری اقدامات کیے جائیں تاکہ صنعتی پیداوار متاثر نہ ہو۔
الیکشن کمیشن نے صوبے میں بلدیاتی انتخابات کے دوسرے مرحلے کے نتائج کا اعلان کرتے ہوئے بتایا کہ کراچی اور حیدرآباد کے تمام اضلاع میں پولنگ کا عمل پُرامن طور پر مکمل ہوا اور ووٹوں کی گنتی کے بعد غیرسرکاری نتائج جاری کر دیے گئے ہیں۔ چیف الیکشن کمشنر نے امیدواروں سے اپیل کی کہ وہ نتائج کو تسلیم کریں اور کسی بھی شکایت کی صورت میں قانونی راستہ اختیار کریں۔
وزیراعظم نے کہا کہ حکومت ملک کو معاشی بحران سے نکالنے کے لیے تمام ممکنہ اقدامات کر رہی ہے اور عالمی مالیاتی ادارے کے ساتھ مذاکرات جاری ہیں۔ انہوں نے کہا کہ مہنگائی پر قابو پانا حکومت کی اولین ترجیح ہے اور عوام کو ریلیف دینے کے لیے نئی پالیسیاں متعارف کرائی جائیں گی۔ اجلاس میں وفاقی وزراء اور اعلیٰ حکام نے بھی شرکت کی۔
پنجاب اسمبلی میں وزیراعلیٰ کے اعتماد کے ووٹ کے معاملے پر سیاسی جماعتوں کے درمیان مشاورت کا سلسلہ جاری رہا۔ اپوزیشن رہنماؤں نے الزام عائد کیا کہ حکومت آئینی تقاضے پورے کرنے میں ناکام رہی ہے جبکہ حکومتی ارکان کا کہنا تھا کہ تمام فیصلے قانون کے مطابق کیے جا رہے ہیں اور اسمبلی کی تحلیل کے حوالے سے حتمی فیصلہ جلد سامنے آئے گا۔
محکمہ موسمیات کے مطابق ملک کے بیشتر علاقوں میں موسم سرد اور خشک رہے گا جبکہ بالائی علاقوں میں شدید سردی اور دھند کا امکان ہے۔ موٹروے پولیس نے شہریوں کو ہدایت کی ہے کہ دھند کے دوران غیر ضروری سفر سے گریز کریں اور گاڑیوں کی رفتار کم رکھیں تاکہ کسی حادثے سے بچا جا سکے۔
اسٹیٹ بینک کے مطابق زرمبادلہ کے ذخائر میں کمی کا رجحان برقرار ہے اور درآمدات کے لیے لیٹر آف کریڈٹ کھولنے میں مشکلات کا سامنا ہے۔ تاجر برادری نے حکومت سے مطالبہ کیا ہے کہ بندرگاہوں پر پھنسے کنٹینرز کی کلیئرنس کے لیے فوری اقدامات کیے جائیں تاکہ صنعتی پیداوار متاثر نہ ہو۔
الیکشن کمیشن نے صوبے میں بلدیاتی انتخابات کے دوسرے مرحلے کے نتائج کا اعلان کرتے ہوئے بتایا کہ کراچی اور حیدرآباد کے تمام اضلاع میں پولنگ کا عمل پُرامن طور پر مکمل ہوا اور ووٹوں کی گنتی کے بعد غیرسرکاری نتائج جاری کر دیے گئے ہیں۔ چیف الیکشن کمشنر نے امیدواروں سے اپیل کی کہ وہ نتائج کو تسلیم کریں اور کسی بھی شکایت کی صورت میں قانونی راستہ اختیار کریں۔
وزیراعظم نے کہا کہ حکومت ملک کو معاشی بحران سے نکالنے کے لیے تمام ممکنہ اقدامات کر رہی ہے اور عالمی مالیاتی ادارے کے ساتھ مذاکرات جاری ہیں۔ انہوں نے کہا کہ مہنگائی پر قابو پانا حکومت کی اولین ترجیح ہے اور عوام کو ریلیف دینے کے لیے نئی پالیسیاں متعارف کرائی جائیں گی۔ اجلاس میں وفاقی وزراء اور اعلیٰ حکام نے بھی شرکت کی۔
پنجاب اسمبلی میں وزیراعلیٰ کے اعتماد کے ووٹ کے معاملے پر سیاسی جماعتوں کے درمیان مشاورت کا سلسلہ جاری رہا۔ اپوزیشن رہنماؤں نے الزام عائد کیا کہ حکومت آئینی تقاضے پورے کرنے میں ناکام رہی ہے جبکہ حکومتی ارکان کا کہنا تھا کہ تمام فیصلے قانون کے مطابق کیے جا رہے ہیں اور اسمبلی کی تحلیل کے حوالے سے حتمی فیصلہ جلد سامنے آئے گا۔
محکمہ موسمیات کے مطابق ملک کے بیشتر علاقوں میں موسم سرد اور خشک رہے گا جبکہ بالائی علاقوں میں شدید سردی اور دھند کا امکان ہے۔ موٹروے پولیس نے شہریوں کو ہدایت کی ہے کہ دھند کے دوران غیر ضروری سفر سے گریز کریں اور گاڑیوں کی رفتار کم رکھیں تاکہ کسی حادثے سے بچا جا سکے۔
اسٹیٹ بینک کے مطابق زرمبادلہ کے ذخائر میں کمی کا رجحان برقرار ہے اور درآمدات کے لیے لیٹر آف کریڈٹ کھولنے میں مشکلات کا سامنا ہے۔ تاجر برادری نے حکومت سے مطالبہ کیا ہے کہ بندرگاہوں پر پھنسے کنٹینرز کی کلیئرنس کے لیے فوری اقدامات کیے جائیں تاکہ صنعتی پیداوار متاثر نہ ہو۔
الیکشن کمیشن نے صوبے میں بلدیاتی انتخابات کے دوسرے مرحلے کے نتائج کا اعلان کرتے ہوئے بتایا کہ کراچی اور حیدرآباد کے تمام اضلاع میں پولنگ کا عمل پُرامن طور پر مکمل ہوا اور ووٹوں کی گنتی کے بعد غیرسرکاری نتائج جاری کر دیے گئے ہیں۔ چیف الیکشن کمشنر نے امیدواروں سے اپیل کی کہ وہ نتائج کو تسلیم کریں اور کسی بھی شکایت کی صورت میں قانونی راستہ اختیار کریں۔
وزیراعظم نے کہا کہ حکومت ملک کو معاشی بحران سے نکالنے کے لیے تمام ممکنہ اقدامات کر رہی ہے اور عالمی مالیاتی ادارے کے ساتھ مذاکرات جاری ہیں۔ انہوں نے کہا کہ مہنگائی پر قابو پانا حکومت کی اولین ترجیح ہے اور عوام کو ریلیف دینے کے لیے نئی پالیسیاں متعارف کرائی جائیں گی۔ اجلاس میں وفاقی وزراء اور اعلیٰ حکام نے بھی شرکت کی۔
پنجاب اسمبلی میں وزیراعلیٰ کے اعتماد کے ووٹ کے معاملے پر سیاسی جماعتوں کے درمیان مشاورت کا سلسلہ جاری رہا۔ اپوزیشن رہنماؤں نے الزام عائد کیا کہ حکومت آئینی تقاضے پورے کرنے میں ناکام رہی ہے جبکہ حکومتی ارکان کا کہنا تھا کہ تمام فیصلے قانون کے مطابق کیے جا رہے ہیں اور اسمبلی کی تحلیل کے حوالے سے حتمی فیصلہ جلد سامنے آئے گا۔
محکمہ موسمیات کے مطابق ملک کے بیشتر علاقوں میں موسم سرد اور خشک رہے گا جبکہ بالائی علاقوں میں شدید سردی اور دھند کا امکان ہے۔ موٹروے پولیس نے شہریوں کو ہدایت کی ہے کہ دھند کے دوران غیر ضروری سفر سے گریز کریں اور گاڑیوں کی رفتار کم رکھیں تاکہ کسی حادثے سے بچا جا سکے۔
اسٹیٹ بینک کے مطابق زرمبادلہ کے ذخائر میں کمی کا رجحان برقرار ہے اور درآمدات کے لیے لیٹر آف کریڈٹ کھولنے میں مشکلات کا سامنا ہے۔ تاجر برادری نے حکومت سے مطالبہ کیا ہے کہ بندرگاہوں پر پھنسے کنٹینرز کی کلیئرنس کے لیے فوری اقدامات کیے جائیں تاکہ صنعتی پیداوار متاثر نہ ہو۔
الیکشن کمیشن نے صوبے میں بلدیاتی انتخابات کے دوسرے مرحلے کے نتائج کا اعلان کرتے ہوئے بتایا کہ کراچی اور حیدرآباد کے تمام اضلاع میں پولنگ کا عمل پُرامن طور پر مکمل ہوا اور ووٹوں کی گنتی کے بعد غیرسرکاری نتائج جاری کر دیے گئے ہیں۔ چیف الیکشن کمشنر نے امیدواروں سے اپیل کی کہ وہ نتائج کو تسلیم کریں اور کسی بھی شکایت کی صورت میں قانونی راستہ اختیار کریں۔
وزیراعظم نے کہا کہ حکومت ملک کو معاشی بحران سے نکالنے کے لیے تمام ممکنہ اقدامات کر رہی ہے اور عالمی مالیاتی ادارے کے ساتھ مذاکرات جاری ہیں۔ انہوں نے کہا کہ مہنگائی پر قابو پانا حکومت کی اولین ترجیح ہے اور عوام کو ریلیف دینے کے لیے نئی پالیسیاں متعارف کرائی جائیں گی۔ اجلاس میں وفاقی وزراء اور اعلیٰ حکام نے بھی شرکت کی۔
پنجاب اسمبلی میں وزیراعلیٰ کے اعتماد کے ووٹ کے معاملے پر سیاسی جماعتوں کے درمیان مشاورت کا سلسلہ جاری رہا۔ اپوزیشن رہنماؤں نے الزام عائد کیا کہ حکومت آئینی تقاضے پورے کرنے میں ناکام رہی ہے جبکہ حکومتی ارکان کا کہنا تھا کہ تمام فیصلے قانون کے مطابق کیے جا رہے ہیں اور اسمبلی کی تحلیل کے حوالے سے حتمی فیصلہ جلد سامنے آئے گا۔
محکمہ موسمیات کے مطابق ملک کے بیشتر علاقوں میں موسم سرد اور خشک رہے گا جبکہ بالائی علاقوں میں شدید سردی اور دھند کا امکان ہے۔ موٹروے پولیس نے شہریوں کو ہدایت کی ہے کہ دھند کے دوران غیر ضروری سفر سے گریز کریں اور گاڑیوں کی رفتار کم رکھیں تاکہ کسی حادثے سے بچا جا سکے۔
جواب نمبر	43
اسٹیٹ بینک کے مطابق زرمبادلہ کے ذخائر میں کمی کا رجحان برقرار ہے اور درآمدات کے لیے لیٹر آف کریڈٹ کھولنے میں مشکلات کا سامنا ہے۔ تاجر برادری نے حکومت سے مطالبہ کیا ہے کہ بندرگاہوں پر پھنسے کنٹینرز کی کلیئرنس کے لیے فوری اقدامات کیے جائیں تاکہ صنعتی پیداوار متاثر نہ ہو۔
الیکشن کمیشن نے صوبے میں بلدیاتی انتخابات کے دوسرے مرحلے کے نتائج کا اعلان کرتے ہوئے بتایا کہ کراچی اور حیدرآباد کے تمام اضلاع میں پولنگ کا عمل پُرامن طور پر مکمل ہوا اور ووٹوں کی گنتی کے بعد غیرسرکاری نتائج جاری کر دیے گئے ہیں۔ چیف الیکشن کمشنر نے امیدواروں سے اپیل کی کہ وہ نتائج کو تسلیم کریں اور کسی بھی شکایت کی صورت میں قانونی راستہ اختیار کریں۔
وزیراعظم نے کہا کہ حکومت ملک کو معاشی بحران سے نکالنے کے لیے تمام ممکنہ اقدامات کر رہی ہے اور عالمی مالیاتی ادارے کے ساتھ مذاکرات جاری ہیں۔ انہوں نے کہا کہ مہنگائی پر قابو پانا حکومت کی اولین ترجیح ہے اور عوام کو ریلیف دینے کے لیے نئی پالیسیاں متعارف کرائی جائیں گی۔ اجلاس میں وفاقی وزراء اور اعلیٰ حکام نے بھی شرکت کی۔
پنجاب اسمبلی میں وزیراعلیٰ کے اعتماد کے ووٹ کے معاملے پر سیاسی جماعتوں کے درمیان مشاورت کا سلسلہ جاری رہا۔ اپوزیشن رہنماؤں نے الزام عائد کیا کہ حکومت آئینی تقاضے پورے کرنے میں ناکام رہی ہے جبکہ حکومتی ارکان کا کہنا تھا کہ تمام فیصلے قانون کے مطابق کیے جا رہے ہیں اور اسمبلی کی تحلیل کے حوالے سے حتمی فیصلہ جلد سامنے آئے گا۔
محکمہ موسمیات کے مطابق ملک کے بیشتر علاقوں میں موسم سرد اور خشک رہے گا جبکہ بالائی علاقوں میں شدید سردی اور دھند کا امکان ہے۔ موٹروے پولیس نے شہریوں کو ہدایت کی ہے کہ دھند کے دوران غیر ضروری سفر سے گریز کریں اور گاڑیوں کی رفتار کم رکھیں تاکہ کسی حادثے سے بچا جا سکے۔
اسٹیٹ بینک کے مطابق زرمبادلہ کے ذخائر میں کمی کا رجحان برقرار ہے اور درآمدات کے لیے لیٹر آف کریڈٹ کھولنے میں مشکلات کا سامنا ہے۔ تاجر برادری نے حکومت سے مطالبہ کیا ہے کہ بندرگاہوں پر پھنسے کنٹینرز کی کلیئرنس کے لیے فوری اقدامات کیے جائیں تاکہ صنعتی پیداوار متاثر نہ ہو۔
الیکشن کمیشن نے صوبے میں بلدیاتی انتخابات کے دوسرے مرحلے کے نتائج کا اعلان کرتے ہوئے بتایا کہ کراچی اور حیدرآباد کے تمام اضلاع میں پولنگ کا عمل پُرامن طور پر مکمل ہوا اور ووٹوں کی گنتی کے بعد غیرسرکاری نتائج جاری کر دیے گئے ہیں۔ چیف الیکشن کمشنر نے امیدواروں سے اپیل کی کہ وہ نتائج کو تسلیم کریں اور کسی بھی شکایت کی صورت میں قانونی راستہ اختیار کریں۔
وزیراعظم نے کہا کہ حکومت ملک کو معاشی بحران سے نکالنے کے لیے تمام ممکنہ اقدامات کر رہی ہے اور عالمی مالیاتی ادارے کے ساتھ مذاکرات جاری ہیں۔ انہوں نے کہا کہ مہنگائی پر قابو پانا حکومت کی اولین ترجیح ہے اور عوام کو ریلیف دینے کے لیے نئی پالیسیاں متعارف کرائی جائیں گی۔ اجلاس میں وفاقی وزراء اور اعلیٰ حکام نے بھی شرکت کی۔
پنجاب اسمبلی میں وزیراعلیٰ کے اعتماد کے ووٹ کے معاملے پر سیاسی جماعتوں کے درمیان مشاورت کا سلسلہ جاری رہا۔ اپوزیشن رہنماؤں نے الزام عائد کیا کہ حکومت آئینی تقاضے پورے کرنے میں ناکام رہی ہے جبکہ حکومتی ارکان کا کہنا تھا کہ تمام فیصلے قانون کے مطابق کیے جا رہے ہیں اور اسمبلی کی تحلیل کے حوالے سے حتمی فیصلہ جلد سامنے آئے گا۔
